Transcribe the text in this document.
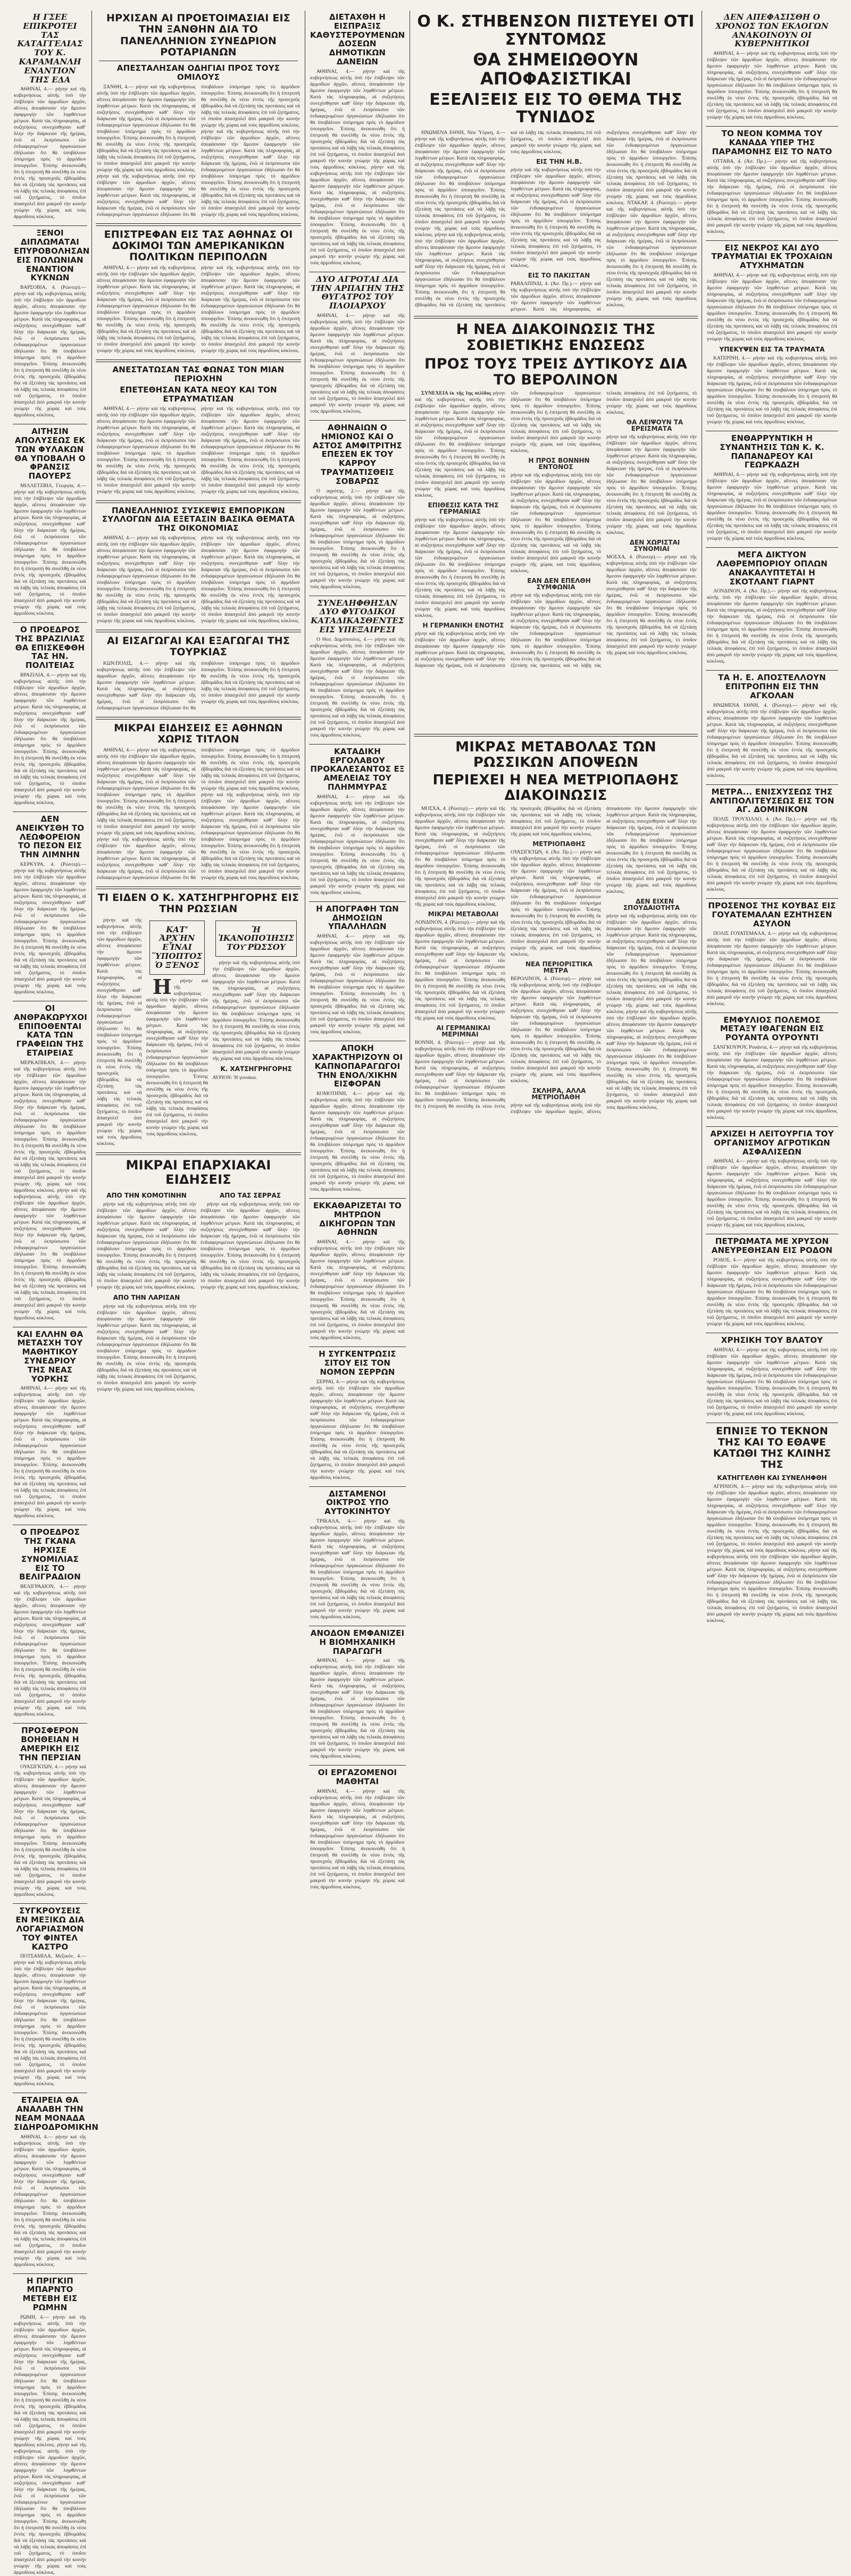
Η ΓΣΕΕ ΕΠΙΚΡΟΤΕΙ ΤΑΣ ΚΑΤΑΓΓΕΛΙΑΣ ΤΟΥ Κ. ΚΑΡΑΜΑΝΛΗ ΕΝΑΝΤΙΟΝ ΤΗΣ ΕΔΑ
ΑΘΗΝΑΙ, 4.— ρήνην καὶ τῆς κυβερνήσεως αὐτῆς ὑπὸ τὴν ἐπίβλεψιν τῶν ἁρμοδίων ἀρχῶν, αἵτινες ἀπεφάσισαν τὴν ἄμεσον ἐφαρμογὴν τῶν ληφθέντων μέτρων. Κατὰ τὰς πληροφορίας, αἱ συζητήσεις συνεχίσθησαν καθ’ ὅλην τὴν διάρκειαν τῆς ἡμέρας, ἐνῶ οἱ ἐκπρόσωποι τῶν ἐνδιαφερομένων ὀργανώσεων ἐδήλωσαν ὅτι θὰ ὑποβάλουν ὑπόμνημα πρὸς τὸ ἁρμόδιον ὑπουργεῖον. Ἐπίσης ἀνεκοινώθη ὅτι ἡ ἐπιτροπὴ θὰ συνέλθῃ ἐκ νέου ἐντὸς τῆς προσεχοῦς ἑβδομάδος διὰ νὰ ἐξετάσῃ τὰς προτάσεις καὶ νὰ λάβῃ τὰς τελικὰς ἀποφάσεις ἐπὶ τοῦ ζητήματος, τὸ ὁποῖον ἀπασχολεῖ ἀπὸ μακροῦ τὴν κοινὴν γνώμην τῆς χώρας καὶ τοὺς ἁρμοδίους κύκλους.
ΞΕΝΟΙ ΔΙΠΛΩΜΑΤΑΙ ΕΠΥΡΟΒΟΛΗΣΑΝ ΕΙΣ ΠΟΛΩΝΙΑΝ ΕΝΑΝΤΙΟΝ ΚΥΚΝΩΝ
ΒΑΡΣΟΒΙΑ, 4. (Ρώυτερ).— ρήνην καὶ τῆς κυβερνήσεως αὐτῆς ὑπὸ τὴν ἐπίβλεψιν τῶν ἁρμοδίων ἀρχῶν, αἵτινες ἀπεφάσισαν τὴν ἄμεσον ἐφαρμογὴν τῶν ληφθέντων μέτρων. Κατὰ τὰς πληροφορίας, αἱ συζητήσεις συνεχίσθησαν καθ’ ὅλην τὴν διάρκειαν τῆς ἡμέρας, ἐνῶ οἱ ἐκπρόσωποι τῶν ἐνδιαφερομένων ὀργανώσεων ἐδήλωσαν ὅτι θὰ ὑποβάλουν ὑπόμνημα πρὸς τὸ ἁρμόδιον ὑπουργεῖον. Ἐπίσης ἀνεκοινώθη ὅτι ἡ ἐπιτροπὴ θὰ συνέλθῃ ἐκ νέου ἐντὸς τῆς προσεχοῦς ἑβδομάδος διὰ νὰ ἐξετάσῃ τὰς προτάσεις καὶ νὰ λάβῃ τὰς τελικὰς ἀποφάσεις ἐπὶ τοῦ ζητήματος, τὸ ὁποῖον ἀπασχολεῖ ἀπὸ μακροῦ τὴν κοινὴν γνώμην τῆς χώρας καὶ τοὺς ἁρμοδίους κύκλους.
ΑΙΤΗΣΙΝ ΑΠΟΛΥΣΕΩΣ ΕΚ ΤΩΝ ΦΥΛΑΚΩΝ ΘΑ ΥΠΟΒΑΛΗ Ο ΦΡΑΝΣΙΣ ΠΑΟΥΕΡΣ
ΜΙΛΛΕΤΖΒΙΛ, Γεωργία, 4.— ρήνην καὶ τῆς κυβερνήσεως αὐτῆς ὑπὸ τὴν ἐπίβλεψιν τῶν ἁρμοδίων ἀρχῶν, αἵτινες ἀπεφάσισαν τὴν ἄμεσον ἐφαρμογὴν τῶν ληφθέντων μέτρων. Κατὰ τὰς πληροφορίας, αἱ συζητήσεις συνεχίσθησαν καθ’ ὅλην τὴν διάρκειαν τῆς ἡμέρας, ἐνῶ οἱ ἐκπρόσωποι τῶν ἐνδιαφερομένων ὀργανώσεων ἐδήλωσαν ὅτι θὰ ὑποβάλουν ὑπόμνημα πρὸς τὸ ἁρμόδιον ὑπουργεῖον. Ἐπίσης ἀνεκοινώθη ὅτι ἡ ἐπιτροπὴ θὰ συνέλθῃ ἐκ νέου ἐντὸς τῆς προσεχοῦς ἑβδομάδος διὰ νὰ ἐξετάσῃ τὰς προτάσεις καὶ νὰ λάβῃ τὰς τελικὰς ἀποφάσεις ἐπὶ τοῦ ζητήματος, τὸ ὁποῖον ἀπασχολεῖ ἀπὸ μακροῦ τὴν κοινὴν γνώμην τῆς χώρας καὶ τοὺς ἁρμοδίους κύκλους.
Ο ΠΡΟΕΔΡΟΣ ΤΗΣ ΒΡΑΖΙΛΙΑΣ ΘΑ ΕΠΙΣΚΕΦΘΗ ΤΑΣ ΗΝ. ΠΟΛΙΤΕΙΑΣ
ΒΡΑΖΙΛΙΑ, 4.— ρήνην καὶ τῆς κυβερνήσεως αὐτῆς ὑπὸ τὴν ἐπίβλεψιν τῶν ἁρμοδίων ἀρχῶν, αἵτινες ἀπεφάσισαν τὴν ἄμεσον ἐφαρμογὴν τῶν ληφθέντων μέτρων. Κατὰ τὰς πληροφορίας, αἱ συζητήσεις συνεχίσθησαν καθ’ ὅλην τὴν διάρκειαν τῆς ἡμέρας, ἐνῶ οἱ ἐκπρόσωποι τῶν ἐνδιαφερομένων ὀργανώσεων ἐδήλωσαν ὅτι θὰ ὑποβάλουν ὑπόμνημα πρὸς τὸ ἁρμόδιον ὑπουργεῖον. Ἐπίσης ἀνεκοινώθη ὅτι ἡ ἐπιτροπὴ θὰ συνέλθῃ ἐκ νέου ἐντὸς τῆς προσεχοῦς ἑβδομάδος διὰ νὰ ἐξετάσῃ τὰς προτάσεις καὶ νὰ λάβῃ τὰς τελικὰς ἀποφάσεις ἐπὶ τοῦ ζητήματος, τὸ ὁποῖον ἀπασχολεῖ ἀπὸ μακροῦ τὴν κοινὴν γνώμην τῆς χώρας καὶ τοὺς ἁρμοδίους κύκλους.
ΔΕΝ ΑΝΕΙΚΥΣΘΗ ΤΟ ΛΕΩΦΟΡΕΙΟΝ ΤΟ ΠΕΣΟΝ ΕΙΣ ΤΗΝ ΛΙΜΝΗΝ
ΚΕΡΚΥΡΑ, 4. (Ρώυτερ).— ρήνην καὶ τῆς κυβερνήσεως αὐτῆς ὑπὸ τὴν ἐπίβλεψιν τῶν ἁρμοδίων ἀρχῶν, αἵτινες ἀπεφάσισαν τὴν ἄμεσον ἐφαρμογὴν τῶν ληφθέντων μέτρων. Κατὰ τὰς πληροφορίας, αἱ συζητήσεις συνεχίσθησαν καθ’ ὅλην τὴν διάρκειαν τῆς ἡμέρας, ἐνῶ οἱ ἐκπρόσωποι τῶν ἐνδιαφερομένων ὀργανώσεων ἐδήλωσαν ὅτι θὰ ὑποβάλουν ὑπόμνημα πρὸς τὸ ἁρμόδιον ὑπουργεῖον. Ἐπίσης ἀνεκοινώθη ὅτι ἡ ἐπιτροπὴ θὰ συνέλθῃ ἐκ νέου ἐντὸς τῆς προσεχοῦς ἑβδομάδος διὰ νὰ ἐξετάσῃ τὰς προτάσεις καὶ νὰ λάβῃ τὰς τελικὰς ἀποφάσεις ἐπὶ τοῦ ζητήματος, τὸ ὁποῖον ἀπασχολεῖ ἀπὸ μακροῦ τὴν κοινὴν γνώμην τῆς χώρας καὶ τοὺς ἁρμοδίους κύκλους.
ΟΙ ΑΝΘΡΑΚΩΡΥΧΟΙ ΕΠΙΠΟΘΕΝΤΑΙ ΚΑΤΑ ΤΩΝ ΓΡΑΦΕΙΩΝ ΤΗΣ ΕΤΑΙΡΕΙΑΣ
ΜΕΡΚΑΠΙΚΑΝ, 4.— ρήνην καὶ τῆς κυβερνήσεως αὐτῆς ὑπὸ τὴν ἐπίβλεψιν τῶν ἁρμοδίων ἀρχῶν, αἵτινες ἀπεφάσισαν τὴν ἄμεσον ἐφαρμογὴν τῶν ληφθέντων μέτρων. Κατὰ τὰς πληροφορίας, αἱ συζητήσεις συνεχίσθησαν καθ’ ὅλην τὴν διάρκειαν τῆς ἡμέρας, ἐνῶ οἱ ἐκπρόσωποι τῶν ἐνδιαφερομένων ὀργανώσεων ἐδήλωσαν ὅτι θὰ ὑποβάλουν ὑπόμνημα πρὸς τὸ ἁρμόδιον ὑπουργεῖον. Ἐπίσης ἀνεκοινώθη ὅτι ἡ ἐπιτροπὴ θὰ συνέλθῃ ἐκ νέου ἐντὸς τῆς προσεχοῦς ἑβδομάδος διὰ νὰ ἐξετάσῃ τὰς προτάσεις καὶ νὰ λάβῃ τὰς τελικὰς ἀποφάσεις ἐπὶ τοῦ ζητήματος, τὸ ὁποῖον ἀπασχολεῖ ἀπὸ μακροῦ τὴν κοινὴν γνώμην τῆς χώρας καὶ τοὺς ἁρμοδίους κύκλους. ρήνην καὶ τῆς κυβερνήσεως αὐτῆς ὑπὸ τὴν ἐπίβλεψιν τῶν ἁρμοδίων ἀρχῶν, αἵτινες ἀπεφάσισαν τὴν ἄμεσον ἐφαρμογὴν τῶν ληφθέντων μέτρων. Κατὰ τὰς πληροφορίας, αἱ συζητήσεις συνεχίσθησαν καθ’ ὅλην τὴν διάρκειαν τῆς ἡμέρας, ἐνῶ οἱ ἐκπρόσωποι τῶν ἐνδιαφερομένων ὀργανώσεων ἐδήλωσαν ὅτι θὰ ὑποβάλουν ὑπόμνημα πρὸς τὸ ἁρμόδιον ὑπουργεῖον. Ἐπίσης ἀνεκοινώθη ὅτι ἡ ἐπιτροπὴ θὰ συνέλθῃ ἐκ νέου ἐντὸς τῆς προσεχοῦς ἑβδομάδος διὰ νὰ ἐξετάσῃ τὰς προτάσεις καὶ νὰ λάβῃ τὰς τελικὰς ἀποφάσεις ἐπὶ τοῦ ζητήματος, τὸ ὁποῖον ἀπασχολεῖ ἀπὸ μακροῦ τὴν κοινὴν γνώμην τῆς χώρας καὶ τοὺς ἁρμοδίους κύκλους.
ΚΑΙ ΕΛΛΗΝ ΘΑ ΜΕΤΑΣΧΗ ΤΟΥ ΜΑΘΗΤΙΚΟΥ ΣΥΝΕΔΡΙΟΥ ΤΗΣ ΝΕΑΣ ΥΟΡΚΗΣ
ΑΘΗΝΑΙ, 4.— ρήνην καὶ τῆς κυβερνήσεως αὐτῆς ὑπὸ τὴν ἐπίβλεψιν τῶν ἁρμοδίων ἀρχῶν, αἵτινες ἀπεφάσισαν τὴν ἄμεσον ἐφαρμογὴν τῶν ληφθέντων μέτρων. Κατὰ τὰς πληροφορίας, αἱ συζητήσεις συνεχίσθησαν καθ’ ὅλην τὴν διάρκειαν τῆς ἡμέρας, ἐνῶ οἱ ἐκπρόσωποι τῶν ἐνδιαφερομένων ὀργανώσεων ἐδήλωσαν ὅτι θὰ ὑποβάλουν ὑπόμνημα πρὸς τὸ ἁρμόδιον ὑπουργεῖον. Ἐπίσης ἀνεκοινώθη ὅτι ἡ ἐπιτροπὴ θὰ συνέλθῃ ἐκ νέου ἐντὸς τῆς προσεχοῦς ἑβδομάδος διὰ νὰ ἐξετάσῃ τὰς προτάσεις καὶ νὰ λάβῃ τὰς τελικὰς ἀποφάσεις ἐπὶ τοῦ ζητήματος, τὸ ὁποῖον ἀπασχολεῖ ἀπὸ μακροῦ τὴν κοινὴν γνώμην τῆς χώρας καὶ τοὺς ἁρμοδίους κύκλους.
Ο ΠΡΟΕΔΡΟΣ ΤΗΣ ΓΚΑΝΑ ΗΡΧΙΣΕ ΣΥΝΟΜΙΛΙΑΣ ΕΙΣ ΤΟ ΒΕΛΙΓΡΑΔΙΟΝ
ΒΕΛΙΓΡΑΔΙΟΝ, 4.— ρήνην καὶ τῆς κυβερνήσεως αὐτῆς ὑπὸ τὴν ἐπίβλεψιν τῶν ἁρμοδίων ἀρχῶν, αἵτινες ἀπεφάσισαν τὴν ἄμεσον ἐφαρμογὴν τῶν ληφθέντων μέτρων. Κατὰ τὰς πληροφορίας, αἱ συζητήσεις συνεχίσθησαν καθ’ ὅλην τὴν διάρκειαν τῆς ἡμέρας, ἐνῶ οἱ ἐκπρόσωποι τῶν ἐνδιαφερομένων ὀργανώσεων ἐδήλωσαν ὅτι θὰ ὑποβάλουν ὑπόμνημα πρὸς τὸ ἁρμόδιον ὑπουργεῖον. Ἐπίσης ἀνεκοινώθη ὅτι ἡ ἐπιτροπὴ θὰ συνέλθῃ ἐκ νέου ἐντὸς τῆς προσεχοῦς ἑβδομάδος διὰ νὰ ἐξετάσῃ τὰς προτάσεις καὶ νὰ λάβῃ τὰς τελικὰς ἀποφάσεις ἐπὶ τοῦ ζητήματος, τὸ ὁποῖον ἀπασχολεῖ ἀπὸ μακροῦ τὴν κοινὴν γνώμην τῆς χώρας καὶ τοὺς ἁρμοδίους κύκλους.
ΠΡΟΣΦΕΡΟΝ ΒΟΗΘΕΙΑΝ Η ΑΜΕΡΙΚΗ ΕΙΣ ΤΗΝ ΠΕΡΣΙΑΝ
ΟΥΑΣΙΓΚΤΩΝ, 4.— ρήνην καὶ τῆς κυβερνήσεως αὐτῆς ὑπὸ τὴν ἐπίβλεψιν τῶν ἁρμοδίων ἀρχῶν, αἵτινες ἀπεφάσισαν τὴν ἄμεσον ἐφαρμογὴν τῶν ληφθέντων μέτρων. Κατὰ τὰς πληροφορίας, αἱ συζητήσεις συνεχίσθησαν καθ’ ὅλην τὴν διάρκειαν τῆς ἡμέρας, ἐνῶ οἱ ἐκπρόσωποι τῶν ἐνδιαφερομένων ὀργανώσεων ἐδήλωσαν ὅτι θὰ ὑποβάλουν ὑπόμνημα πρὸς τὸ ἁρμόδιον ὑπουργεῖον. Ἐπίσης ἀνεκοινώθη ὅτι ἡ ἐπιτροπὴ θὰ συνέλθῃ ἐκ νέου ἐντὸς τῆς προσεχοῦς ἑβδομάδος διὰ νὰ ἐξετάσῃ τὰς προτάσεις καὶ νὰ λάβῃ τὰς τελικὰς ἀποφάσεις ἐπὶ τοῦ ζητήματος, τὸ ὁποῖον ἀπασχολεῖ ἀπὸ μακροῦ τὴν κοινὴν γνώμην τῆς χώρας καὶ τοὺς ἁρμοδίους κύκλους.
ΣΥΓΚΡΟΥΣΕΙΣ ΕΝ ΜΕΞΙΚΩ ΔΙΑ ΛΟΓΑΡΙΑΣΜΟΝ ΤΟΥ ΦΙΝΤΕΛ ΚΑΣΤΡΟ
ΠΟΤΣΑΜΙΛΑ, Μεξικόν, 4.— ρήνην καὶ τῆς κυβερνήσεως αὐτῆς ὑπὸ τὴν ἐπίβλεψιν τῶν ἁρμοδίων ἀρχῶν, αἵτινες ἀπεφάσισαν τὴν ἄμεσον ἐφαρμογὴν τῶν ληφθέντων μέτρων. Κατὰ τὰς πληροφορίας, αἱ συζητήσεις συνεχίσθησαν καθ’ ὅλην τὴν διάρκειαν τῆς ἡμέρας, ἐνῶ οἱ ἐκπρόσωποι τῶν ἐνδιαφερομένων ὀργανώσεων ἐδήλωσαν ὅτι θὰ ὑποβάλουν ὑπόμνημα πρὸς τὸ ἁρμόδιον ὑπουργεῖον. Ἐπίσης ἀνεκοινώθη ὅτι ἡ ἐπιτροπὴ θὰ συνέλθῃ ἐκ νέου ἐντὸς τῆς προσεχοῦς ἑβδομάδος διὰ νὰ ἐξετάσῃ τὰς προτάσεις καὶ νὰ λάβῃ τὰς τελικὰς ἀποφάσεις ἐπὶ τοῦ ζητήματος, τὸ ὁποῖον ἀπασχολεῖ ἀπὸ μακροῦ τὴν κοινὴν γνώμην τῆς χώρας καὶ τοὺς ἁρμοδίους κύκλους.
ΕΤΑΙΡΕΙΑ ΘΑ ΑΝΑΛΑΒΗ ΤΗΝ ΝΕΑΜ ΜΟΝΑΔΑ ΣΙΔΗΡΟΔΡΟΜΙΚΗΝ
ΑΘΗΝΑΙ, 4.— ρήνην καὶ τῆς κυβερνήσεως αὐτῆς ὑπὸ τὴν ἐπίβλεψιν τῶν ἁρμοδίων ἀρχῶν, αἵτινες ἀπεφάσισαν τὴν ἄμεσον ἐφαρμογὴν τῶν ληφθέντων μέτρων. Κατὰ τὰς πληροφορίας, αἱ συζητήσεις συνεχίσθησαν καθ’ ὅλην τὴν διάρκειαν τῆς ἡμέρας, ἐνῶ οἱ ἐκπρόσωποι τῶν ἐνδιαφερομένων ὀργανώσεων ἐδήλωσαν ὅτι θὰ ὑποβάλουν ὑπόμνημα πρὸς τὸ ἁρμόδιον ὑπουργεῖον. Ἐπίσης ἀνεκοινώθη ὅτι ἡ ἐπιτροπὴ θὰ συνέλθῃ ἐκ νέου ἐντὸς τῆς προσεχοῦς ἑβδομάδος διὰ νὰ ἐξετάσῃ τὰς προτάσεις καὶ νὰ λάβῃ τὰς τελικὰς ἀποφάσεις ἐπὶ τοῦ ζητήματος, τὸ ὁποῖον ἀπασχολεῖ ἀπὸ μακροῦ τὴν κοινὴν γνώμην τῆς χώρας καὶ τοὺς ἁρμοδίους κύκλους.
Η ΠΡΙΓΚΙΠ ΜΠΑΡΝΤΟ ΜΕΤΕΒΗ ΕΙΣ ΡΩΜΗΝ
ΡΩΜΗ, 4.— ρήνην καὶ τῆς κυβερνήσεως αὐτῆς ὑπὸ τὴν ἐπίβλεψιν τῶν ἁρμοδίων ἀρχῶν, αἵτινες ἀπεφάσισαν τὴν ἄμεσον ἐφαρμογὴν τῶν ληφθέντων μέτρων. Κατὰ τὰς πληροφορίας, αἱ συζητήσεις συνεχίσθησαν καθ’ ὅλην τὴν διάρκειαν τῆς ἡμέρας, ἐνῶ οἱ ἐκπρόσωποι τῶν ἐνδιαφερομένων ὀργανώσεων ἐδήλωσαν ὅτι θὰ ὑποβάλουν ὑπόμνημα πρὸς τὸ ἁρμόδιον ὑπουργεῖον. Ἐπίσης ἀνεκοινώθη ὅτι ἡ ἐπιτροπὴ θὰ συνέλθῃ ἐκ νέου ἐντὸς τῆς προσεχοῦς ἑβδομάδος διὰ νὰ ἐξετάσῃ τὰς προτάσεις καὶ νὰ λάβῃ τὰς τελικὰς ἀποφάσεις ἐπὶ τοῦ ζητήματος, τὸ ὁποῖον ἀπασχολεῖ ἀπὸ μακροῦ τὴν κοινὴν γνώμην τῆς χώρας καὶ τοὺς ἁρμοδίους κύκλους. ρήνην καὶ τῆς κυβερνήσεως αὐτῆς ὑπὸ τὴν ἐπίβλεψιν τῶν ἁρμοδίων ἀρχῶν, αἵτινες ἀπεφάσισαν τὴν ἄμεσον ἐφαρμογὴν τῶν ληφθέντων μέτρων. Κατὰ τὰς πληροφορίας, αἱ συζητήσεις συνεχίσθησαν καθ’ ὅλην τὴν διάρκειαν τῆς ἡμέρας, ἐνῶ οἱ ἐκπρόσωποι τῶν ἐνδιαφερομένων ὀργανώσεων ἐδήλωσαν ὅτι θὰ ὑποβάλουν ὑπόμνημα πρὸς τὸ ἁρμόδιον ὑπουργεῖον. Ἐπίσης ἀνεκοινώθη ὅτι ἡ ἐπιτροπὴ θὰ συνέλθῃ ἐκ νέου ἐντὸς τῆς προσεχοῦς ἑβδομάδος διὰ νὰ ἐξετάσῃ τὰς προτάσεις καὶ νὰ λάβῃ τὰς τελικὰς ἀποφάσεις ἐπὶ τοῦ ζητήματος, τὸ ὁποῖον ἀπασχολεῖ ἀπὸ μακροῦ τὴν κοινὴν γνώμην τῆς χώρας καὶ τοὺς ἁρμοδίους κύκλους.
ΗΡΧΙΣΑΝ ΑΙ ΠΡΟΕΤΟΙΜΑΣΙΑΙ ΕΙΣ ΤΗΝ ΞΑΝΘΗΝ ΔΙΑ ΤΟ ΠΑΝΕΛΛΗΝΙΟΝ ΣΥΝΕΔΡΙΟΝ ΡΟΤΑΡΙΑΝΩΝ
ΑΠΕΣΤΑΛΗΣΑΝ ΟΔΗΓΙΑΙ ΠΡΟΣ ΤΟΥΣ ΟΜΙΛΟΥΣ
ΞΑΝΘΗ, 4.— ρήνην καὶ τῆς κυβερνήσεως αὐτῆς ὑπὸ τὴν ἐπίβλεψιν τῶν ἁρμοδίων ἀρχῶν, αἵτινες ἀπεφάσισαν τὴν ἄμεσον ἐφαρμογὴν τῶν ληφθέντων μέτρων. Κατὰ τὰς πληροφορίας, αἱ συζητήσεις συνεχίσθησαν καθ’ ὅλην τὴν διάρκειαν τῆς ἡμέρας, ἐνῶ οἱ ἐκπρόσωποι τῶν ἐνδιαφερομένων ὀργανώσεων ἐδήλωσαν ὅτι θὰ ὑποβάλουν ὑπόμνημα πρὸς τὸ ἁρμόδιον ὑπουργεῖον. Ἐπίσης ἀνεκοινώθη ὅτι ἡ ἐπιτροπὴ θὰ συνέλθῃ ἐκ νέου ἐντὸς τῆς προσεχοῦς ἑβδομάδος διὰ νὰ ἐξετάσῃ τὰς προτάσεις καὶ νὰ λάβῃ τὰς τελικὰς ἀποφάσεις ἐπὶ τοῦ ζητήματος, τὸ ὁποῖον ἀπασχολεῖ ἀπὸ μακροῦ τὴν κοινὴν γνώμην τῆς χώρας καὶ τοὺς ἁρμοδίους κύκλους. ρήνην καὶ τῆς κυβερνήσεως αὐτῆς ὑπὸ τὴν ἐπίβλεψιν τῶν ἁρμοδίων ἀρχῶν, αἵτινες ἀπεφάσισαν τὴν ἄμεσον ἐφαρμογὴν τῶν ληφθέντων μέτρων. Κατὰ τὰς πληροφορίας, αἱ συζητήσεις συνεχίσθησαν καθ’ ὅλην τὴν διάρκειαν τῆς ἡμέρας, ἐνῶ οἱ ἐκπρόσωποι τῶν ἐνδιαφερομένων ὀργανώσεων ἐδήλωσαν ὅτι θὰ ὑποβάλουν ὑπόμνημα πρὸς τὸ ἁρμόδιον ὑπουργεῖον. Ἐπίσης ἀνεκοινώθη ὅτι ἡ ἐπιτροπὴ θὰ συνέλθῃ ἐκ νέου ἐντὸς τῆς προσεχοῦς ἑβδομάδος διὰ νὰ ἐξετάσῃ τὰς προτάσεις καὶ νὰ λάβῃ τὰς τελικὰς ἀποφάσεις ἐπὶ τοῦ ζητήματος, τὸ ὁποῖον ἀπασχολεῖ ἀπὸ μακροῦ τὴν κοινὴν γνώμην τῆς χώρας καὶ τοὺς ἁρμοδίους κύκλους. ρήνην καὶ τῆς κυβερνήσεως αὐτῆς ὑπὸ τὴν ἐπίβλεψιν τῶν ἁρμοδίων ἀρχῶν, αἵτινες ἀπεφάσισαν τὴν ἄμεσον ἐφαρμογὴν τῶν ληφθέντων μέτρων. Κατὰ τὰς πληροφορίας, αἱ συζητήσεις συνεχίσθησαν καθ’ ὅλην τὴν διάρκειαν τῆς ἡμέρας, ἐνῶ οἱ ἐκπρόσωποι τῶν ἐνδιαφερομένων ὀργανώσεων ἐδήλωσαν ὅτι θὰ ὑποβάλουν ὑπόμνημα πρὸς τὸ ἁρμόδιον ὑπουργεῖον. Ἐπίσης ἀνεκοινώθη ὅτι ἡ ἐπιτροπὴ θὰ συνέλθῃ ἐκ νέου ἐντὸς τῆς προσεχοῦς ἑβδομάδος διὰ νὰ ἐξετάσῃ τὰς προτάσεις καὶ νὰ λάβῃ τὰς τελικὰς ἀποφάσεις ἐπὶ τοῦ ζητήματος, τὸ ὁποῖον ἀπασχολεῖ ἀπὸ μακροῦ τὴν κοινὴν γνώμην τῆς χώρας καὶ τοὺς ἁρμοδίους κύκλους.
ΕΠΙΣΤΡΕΦΑΝ ΕΙΣ ΤΑΣ ΑΘΗΝΑΣ ΟΙ ΔΟΚΙΜΟΙ ΤΩΝ ΑΜΕΡΙΚΑΝΙΚΩΝ ΠΟΛΙΤΙΚΩΝ ΠΕΡΙΠΟΛΩΝ
ΑΘΗΝΑΙ, 4.— ρήνην καὶ τῆς κυβερνήσεως αὐτῆς ὑπὸ τὴν ἐπίβλεψιν τῶν ἁρμοδίων ἀρχῶν, αἵτινες ἀπεφάσισαν τὴν ἄμεσον ἐφαρμογὴν τῶν ληφθέντων μέτρων. Κατὰ τὰς πληροφορίας, αἱ συζητήσεις συνεχίσθησαν καθ’ ὅλην τὴν διάρκειαν τῆς ἡμέρας, ἐνῶ οἱ ἐκπρόσωποι τῶν ἐνδιαφερομένων ὀργανώσεων ἐδήλωσαν ὅτι θὰ ὑποβάλουν ὑπόμνημα πρὸς τὸ ἁρμόδιον ὑπουργεῖον. Ἐπίσης ἀνεκοινώθη ὅτι ἡ ἐπιτροπὴ θὰ συνέλθῃ ἐκ νέου ἐντὸς τῆς προσεχοῦς ἑβδομάδος διὰ νὰ ἐξετάσῃ τὰς προτάσεις καὶ νὰ λάβῃ τὰς τελικὰς ἀποφάσεις ἐπὶ τοῦ ζητήματος, τὸ ὁποῖον ἀπασχολεῖ ἀπὸ μακροῦ τὴν κοινὴν γνώμην τῆς χώρας καὶ τοὺς ἁρμοδίους κύκλους. ρήνην καὶ τῆς κυβερνήσεως αὐτῆς ὑπὸ τὴν ἐπίβλεψιν τῶν ἁρμοδίων ἀρχῶν, αἵτινες ἀπεφάσισαν τὴν ἄμεσον ἐφαρμογὴν τῶν ληφθέντων μέτρων. Κατὰ τὰς πληροφορίας, αἱ συζητήσεις συνεχίσθησαν καθ’ ὅλην τὴν διάρκειαν τῆς ἡμέρας, ἐνῶ οἱ ἐκπρόσωποι τῶν ἐνδιαφερομένων ὀργανώσεων ἐδήλωσαν ὅτι θὰ ὑποβάλουν ὑπόμνημα πρὸς τὸ ἁρμόδιον ὑπουργεῖον. Ἐπίσης ἀνεκοινώθη ὅτι ἡ ἐπιτροπὴ θὰ συνέλθῃ ἐκ νέου ἐντὸς τῆς προσεχοῦς ἑβδομάδος διὰ νὰ ἐξετάσῃ τὰς προτάσεις καὶ νὰ λάβῃ τὰς τελικὰς ἀποφάσεις ἐπὶ τοῦ ζητήματος, τὸ ὁποῖον ἀπασχολεῖ ἀπὸ μακροῦ τὴν κοινὴν γνώμην τῆς χώρας καὶ τοὺς ἁρμοδίους κύκλους.
ΑΝΕΣΤΑΤΩΣΑΝ ΤΑΣ ΦΩΝΑΣ ΤΟΝ ΜΙΑΝ ΠΕΡΙΟΧΗΝ
ΕΠΕΤΕΘΗΣΑΝ ΚΑΤΑ ΝΕΟΥ ΚΑΙ ΤΟΝ ΕΤΡΑΥΜΑΤΙΣΑΝ
ΑΘΗΝΑΙ, 4.— ρήνην καὶ τῆς κυβερνήσεως αὐτῆς ὑπὸ τὴν ἐπίβλεψιν τῶν ἁρμοδίων ἀρχῶν, αἵτινες ἀπεφάσισαν τὴν ἄμεσον ἐφαρμογὴν τῶν ληφθέντων μέτρων. Κατὰ τὰς πληροφορίας, αἱ συζητήσεις συνεχίσθησαν καθ’ ὅλην τὴν διάρκειαν τῆς ἡμέρας, ἐνῶ οἱ ἐκπρόσωποι τῶν ἐνδιαφερομένων ὀργανώσεων ἐδήλωσαν ὅτι θὰ ὑποβάλουν ὑπόμνημα πρὸς τὸ ἁρμόδιον ὑπουργεῖον. Ἐπίσης ἀνεκοινώθη ὅτι ἡ ἐπιτροπὴ θὰ συνέλθῃ ἐκ νέου ἐντὸς τῆς προσεχοῦς ἑβδομάδος διὰ νὰ ἐξετάσῃ τὰς προτάσεις καὶ νὰ λάβῃ τὰς τελικὰς ἀποφάσεις ἐπὶ τοῦ ζητήματος, τὸ ὁποῖον ἀπασχολεῖ ἀπὸ μακροῦ τὴν κοινὴν γνώμην τῆς χώρας καὶ τοὺς ἁρμοδίους κύκλους. ρήνην καὶ τῆς κυβερνήσεως αὐτῆς ὑπὸ τὴν ἐπίβλεψιν τῶν ἁρμοδίων ἀρχῶν, αἵτινες ἀπεφάσισαν τὴν ἄμεσον ἐφαρμογὴν τῶν ληφθέντων μέτρων. Κατὰ τὰς πληροφορίας, αἱ συζητήσεις συνεχίσθησαν καθ’ ὅλην τὴν διάρκειαν τῆς ἡμέρας, ἐνῶ οἱ ἐκπρόσωποι τῶν ἐνδιαφερομένων ὀργανώσεων ἐδήλωσαν ὅτι θὰ ὑποβάλουν ὑπόμνημα πρὸς τὸ ἁρμόδιον ὑπουργεῖον. Ἐπίσης ἀνεκοινώθη ὅτι ἡ ἐπιτροπὴ θὰ συνέλθῃ ἐκ νέου ἐντὸς τῆς προσεχοῦς ἑβδομάδος διὰ νὰ ἐξετάσῃ τὰς προτάσεις καὶ νὰ λάβῃ τὰς τελικὰς ἀποφάσεις ἐπὶ τοῦ ζητήματος, τὸ ὁποῖον ἀπασχολεῖ ἀπὸ μακροῦ τὴν κοινὴν γνώμην τῆς χώρας καὶ τοὺς ἁρμοδίους κύκλους.
ΠΑΝΕΛΛΗΝΙΟΣ ΣΥΣΚΕΨΙΣ ΕΜΠΟΡΙΚΩΝ ΣΥΛΛΟΓΩΝ ΔΙΑ ΕΞΕΤΑΣΙΝ ΒΑΣΙΚΑ ΘΕΜΑΤΑ ΤΗΣ ΟΙΚΟΝΟΜΙΑΣ
ΑΘΗΝΑΙ, 4.— ρήνην καὶ τῆς κυβερνήσεως αὐτῆς ὑπὸ τὴν ἐπίβλεψιν τῶν ἁρμοδίων ἀρχῶν, αἵτινες ἀπεφάσισαν τὴν ἄμεσον ἐφαρμογὴν τῶν ληφθέντων μέτρων. Κατὰ τὰς πληροφορίας, αἱ συζητήσεις συνεχίσθησαν καθ’ ὅλην τὴν διάρκειαν τῆς ἡμέρας, ἐνῶ οἱ ἐκπρόσωποι τῶν ἐνδιαφερομένων ὀργανώσεων ἐδήλωσαν ὅτι θὰ ὑποβάλουν ὑπόμνημα πρὸς τὸ ἁρμόδιον ὑπουργεῖον. Ἐπίσης ἀνεκοινώθη ὅτι ἡ ἐπιτροπὴ θὰ συνέλθῃ ἐκ νέου ἐντὸς τῆς προσεχοῦς ἑβδομάδος διὰ νὰ ἐξετάσῃ τὰς προτάσεις καὶ νὰ λάβῃ τὰς τελικὰς ἀποφάσεις ἐπὶ τοῦ ζητήματος, τὸ ὁποῖον ἀπασχολεῖ ἀπὸ μακροῦ τὴν κοινὴν γνώμην τῆς χώρας καὶ τοὺς ἁρμοδίους κύκλους. ρήνην καὶ τῆς κυβερνήσεως αὐτῆς ὑπὸ τὴν ἐπίβλεψιν τῶν ἁρμοδίων ἀρχῶν, αἵτινες ἀπεφάσισαν τὴν ἄμεσον ἐφαρμογὴν τῶν ληφθέντων μέτρων. Κατὰ τὰς πληροφορίας, αἱ συζητήσεις συνεχίσθησαν καθ’ ὅλην τὴν διάρκειαν τῆς ἡμέρας, ἐνῶ οἱ ἐκπρόσωποι τῶν ἐνδιαφερομένων ὀργανώσεων ἐδήλωσαν ὅτι θὰ ὑποβάλουν ὑπόμνημα πρὸς τὸ ἁρμόδιον ὑπουργεῖον. Ἐπίσης ἀνεκοινώθη ὅτι ἡ ἐπιτροπὴ θὰ συνέλθῃ ἐκ νέου ἐντὸς τῆς προσεχοῦς ἑβδομάδος διὰ νὰ ἐξετάσῃ τὰς προτάσεις καὶ νὰ λάβῃ τὰς τελικὰς ἀποφάσεις ἐπὶ τοῦ ζητήματος, τὸ ὁποῖον ἀπασχολεῖ ἀπὸ μακροῦ τὴν κοινὴν γνώμην τῆς χώρας καὶ τοὺς ἁρμοδίους κύκλους.
ΑΙ ΕΙΣΑΓΩΓΑΙ ΚΑΙ ΕΞΑΓΩΓΑΙ ΤΗΣ ΤΟΥΡΚΙΑΣ
ΚΩΝ/ΠΟΛΙΣ, 4.— ρήνην καὶ τῆς κυβερνήσεως αὐτῆς ὑπὸ τὴν ἐπίβλεψιν τῶν ἁρμοδίων ἀρχῶν, αἵτινες ἀπεφάσισαν τὴν ἄμεσον ἐφαρμογὴν τῶν ληφθέντων μέτρων. Κατὰ τὰς πληροφορίας, αἱ συζητήσεις συνεχίσθησαν καθ’ ὅλην τὴν διάρκειαν τῆς ἡμέρας, ἐνῶ οἱ ἐκπρόσωποι τῶν ἐνδιαφερομένων ὀργανώσεων ἐδήλωσαν ὅτι θὰ ὑποβάλουν ὑπόμνημα πρὸς τὸ ἁρμόδιον ὑπουργεῖον. Ἐπίσης ἀνεκοινώθη ὅτι ἡ ἐπιτροπὴ θὰ συνέλθῃ ἐκ νέου ἐντὸς τῆς προσεχοῦς ἑβδομάδος διὰ νὰ ἐξετάσῃ τὰς προτάσεις καὶ νὰ λάβῃ τὰς τελικὰς ἀποφάσεις ἐπὶ τοῦ ζητήματος, τὸ ὁποῖον ἀπασχολεῖ ἀπὸ μακροῦ τὴν κοινὴν γνώμην τῆς χώρας καὶ τοὺς ἁρμοδίους κύκλους.
ΜΙΚΡΑΙ ΕΙΔΗΣΕΙΣ ΕΞ ΑΘΗΝΩΝ ΧΩΡΙΣ ΤΙΤΛΟΝ
ΑΘΗΝΑΙ, 4.— ρήνην καὶ τῆς κυβερνήσεως αὐτῆς ὑπὸ τὴν ἐπίβλεψιν τῶν ἁρμοδίων ἀρχῶν, αἵτινες ἀπεφάσισαν τὴν ἄμεσον ἐφαρμογὴν τῶν ληφθέντων μέτρων. Κατὰ τὰς πληροφορίας, αἱ συζητήσεις συνεχίσθησαν καθ’ ὅλην τὴν διάρκειαν τῆς ἡμέρας, ἐνῶ οἱ ἐκπρόσωποι τῶν ἐνδιαφερομένων ὀργανώσεων ἐδήλωσαν ὅτι θὰ ὑποβάλουν ὑπόμνημα πρὸς τὸ ἁρμόδιον ὑπουργεῖον. Ἐπίσης ἀνεκοινώθη ὅτι ἡ ἐπιτροπὴ θὰ συνέλθῃ ἐκ νέου ἐντὸς τῆς προσεχοῦς ἑβδομάδος διὰ νὰ ἐξετάσῃ τὰς προτάσεις καὶ νὰ λάβῃ τὰς τελικὰς ἀποφάσεις ἐπὶ τοῦ ζητήματος, τὸ ὁποῖον ἀπασχολεῖ ἀπὸ μακροῦ τὴν κοινὴν γνώμην τῆς χώρας καὶ τοὺς ἁρμοδίους κύκλους. ρήνην καὶ τῆς κυβερνήσεως αὐτῆς ὑπὸ τὴν ἐπίβλεψιν τῶν ἁρμοδίων ἀρχῶν, αἵτινες ἀπεφάσισαν τὴν ἄμεσον ἐφαρμογὴν τῶν ληφθέντων μέτρων. Κατὰ τὰς πληροφορίας, αἱ συζητήσεις συνεχίσθησαν καθ’ ὅλην τὴν διάρκειαν τῆς ἡμέρας, ἐνῶ οἱ ἐκπρόσωποι τῶν ἐνδιαφερομένων ὀργανώσεων ἐδήλωσαν ὅτι θὰ ὑποβάλουν ὑπόμνημα πρὸς τὸ ἁρμόδιον ὑπουργεῖον. Ἐπίσης ἀνεκοινώθη ὅτι ἡ ἐπιτροπὴ θὰ συνέλθῃ ἐκ νέου ἐντὸς τῆς προσεχοῦς ἑβδομάδος διὰ νὰ ἐξετάσῃ τὰς προτάσεις καὶ νὰ λάβῃ τὰς τελικὰς ἀποφάσεις ἐπὶ τοῦ ζητήματος, τὸ ὁποῖον ἀπασχολεῖ ἀπὸ μακροῦ τὴν κοινὴν γνώμην τῆς χώρας καὶ τοὺς ἁρμοδίους κύκλους. ρήνην καὶ τῆς κυβερνήσεως αὐτῆς ὑπὸ τὴν ἐπίβλεψιν τῶν ἁρμοδίων ἀρχῶν, αἵτινες ἀπεφάσισαν τὴν ἄμεσον ἐφαρμογὴν τῶν ληφθέντων μέτρων. Κατὰ τὰς πληροφορίας, αἱ συζητήσεις συνεχίσθησαν καθ’ ὅλην τὴν διάρκειαν τῆς ἡμέρας, ἐνῶ οἱ ἐκπρόσωποι τῶν ἐνδιαφερομένων ὀργανώσεων ἐδήλωσαν ὅτι θὰ ὑποβάλουν ὑπόμνημα πρὸς τὸ ἁρμόδιον ὑπουργεῖον. Ἐπίσης ἀνεκοινώθη ὅτι ἡ ἐπιτροπὴ θὰ συνέλθῃ ἐκ νέου ἐντὸς τῆς προσεχοῦς ἑβδομάδος διὰ νὰ ἐξετάσῃ τὰς προτάσεις καὶ νὰ λάβῃ τὰς τελικὰς ἀποφάσεις ἐπὶ τοῦ ζητήματος, τὸ ὁποῖον ἀπασχολεῖ ἀπὸ μακροῦ τὴν κοινὴν γνώμην τῆς χώρας καὶ τοὺς ἁρμοδίους κύκλους.
ΤΙ ΕΙΔΕΝ Ο Κ. ΧΑΤΣΗΓΡΗΓΟΡΗΣ ΕΙΣ ΤΗΝ ΡΩΣΣΙΑΝ
ρήνην καὶ τῆς κυβερνήσεως αὐτῆς ὑπὸ τὴν ἐπίβλεψιν τῶν ἁρμοδίων ἀρχῶν, αἵτινες ἀπεφάσισαν τὴν ἄμεσον ἐφαρμογὴν τῶν ληφθέντων μέτρων. Κατὰ τὰς πληροφορίας, αἱ συζητήσεις συνεχίσθησαν καθ’ ὅλην τὴν διάρκειαν τῆς ἡμέρας, ἐνῶ οἱ ἐκπρόσωποι τῶν ἐνδιαφερομένων ὀργανώσεων ἐδήλωσαν ὅτι θὰ ὑποβάλουν ὑπόμνημα πρὸς τὸ ἁρμόδιον ὑπουργεῖον. Ἐπίσης ἀνεκοινώθη ὅτι ἡ ἐπιτροπὴ θὰ συνέλθῃ ἐκ νέου ἐντὸς τῆς προσεχοῦς ἑβδομάδος διὰ νὰ ἐξετάσῃ τὰς προτάσεις καὶ νὰ λάβῃ τὰς τελικὰς ἀποφάσεις ἐπὶ τοῦ ζητήματος, τὸ ὁποῖον ἀπασχολεῖ ἀπὸ μακροῦ τὴν κοινὴν γνώμην τῆς χώρας καὶ τοὺς ἁρμοδίους κύκλους.
ΚΑΤ’ ἈΡΧῊΝ ΕἾΝΑΙ ὝΠΟΠΤΟΣ Ὁ ΞΈΝΟΣ
Η	ρήνην καὶ τῆς κυβερνήσεως αὐτῆς ὑπὸ τὴν ἐπίβλεψιν τῶν ἁρμοδίων ἀρχῶν, αἵτινες ἀπεφάσισαν τὴν ἄμεσον ἐφαρμογὴν τῶν ληφθέντων μέτρων. Κατὰ τὰς πληροφορίας, αἱ συζητήσεις συνεχίσθησαν καθ’ ὅλην τὴν διάρκειαν τῆς ἡμέρας, ἐνῶ οἱ ἐκπρόσωποι τῶν ἐνδιαφερομένων ὀργανώσεων ἐδήλωσαν ὅτι θὰ ὑποβάλουν ὑπόμνημα πρὸς τὸ ἁρμόδιον ὑπουργεῖον. Ἐπίσης ἀνεκοινώθη ὅτι ἡ ἐπιτροπὴ θὰ συνέλθῃ ἐκ νέου ἐντὸς τῆς προσεχοῦς ἑβδομάδος διὰ νὰ ἐξετάσῃ τὰς προτάσεις καὶ νὰ λάβῃ τὰς τελικὰς ἀποφάσεις ἐπὶ τοῦ ζητήματος, τὸ ὁποῖον ἀπασχολεῖ ἀπὸ μακροῦ τὴν κοινὴν γνώμην τῆς χώρας καὶ τοὺς ἁρμοδίους κύκλους.
Ἡ ἹΚΑΝΟΠΟΊΗΣΙΣ ΤΟΥ͂ ΡΏΣΣΟΥ
ρήνην καὶ τῆς κυβερνήσεως αὐτῆς ὑπὸ τὴν ἐπίβλεψιν τῶν ἁρμοδίων ἀρχῶν, αἵτινες ἀπεφάσισαν τὴν ἄμεσον ἐφαρμογὴν τῶν ληφθέντων μέτρων. Κατὰ τὰς πληροφορίας, αἱ συζητήσεις συνεχίσθησαν καθ’ ὅλην τὴν διάρκειαν τῆς ἡμέρας, ἐνῶ οἱ ἐκπρόσωποι τῶν ἐνδιαφερομένων ὀργανώσεων ἐδήλωσαν ὅτι θὰ ὑποβάλουν ὑπόμνημα πρὸς τὸ ἁρμόδιον ὑπουργεῖον. Ἐπίσης ἀνεκοινώθη ὅτι ἡ ἐπιτροπὴ θὰ συνέλθῃ ἐκ νέου ἐντὸς τῆς προσεχοῦς ἑβδομάδος διὰ νὰ ἐξετάσῃ τὰς προτάσεις καὶ νὰ λάβῃ τὰς τελικὰς ἀποφάσεις ἐπὶ τοῦ ζητήματος, τὸ ὁποῖον ἀπασχολεῖ ἀπὸ μακροῦ τὴν κοινὴν γνώμην τῆς χώρας καὶ τοὺς ἁρμοδίους κύκλους.
Κ. ΧΑΤΣΗΓΡΗΓΟΡΗΣ
ΑΥΡΙΟΝ: Ἡ γυναίκα.
ΜΙΚΡΑΙ ΕΠΑΡΧΙΑΚΑΙ ΕΙΔΗΣΕΙΣ
ΑΠΟ ΤΗΝ ΚΟΜΟΤΙΝΗΝ
ρήνην καὶ τῆς κυβερνήσεως αὐτῆς ὑπὸ τὴν ἐπίβλεψιν τῶν ἁρμοδίων ἀρχῶν, αἵτινες ἀπεφάσισαν τὴν ἄμεσον ἐφαρμογὴν τῶν ληφθέντων μέτρων. Κατὰ τὰς πληροφορίας, αἱ συζητήσεις συνεχίσθησαν καθ’ ὅλην τὴν διάρκειαν τῆς ἡμέρας, ἐνῶ οἱ ἐκπρόσωποι τῶν ἐνδιαφερομένων ὀργανώσεων ἐδήλωσαν ὅτι θὰ ὑποβάλουν ὑπόμνημα πρὸς τὸ ἁρμόδιον ὑπουργεῖον. Ἐπίσης ἀνεκοινώθη ὅτι ἡ ἐπιτροπὴ θὰ συνέλθῃ ἐκ νέου ἐντὸς τῆς προσεχοῦς ἑβδομάδος διὰ νὰ ἐξετάσῃ τὰς προτάσεις καὶ νὰ λάβῃ τὰς τελικὰς ἀποφάσεις ἐπὶ τοῦ ζητήματος, τὸ ὁποῖον ἀπασχολεῖ ἀπὸ μακροῦ τὴν κοινὴν γνώμην τῆς χώρας καὶ τοὺς ἁρμοδίους κύκλους.
ΑΠΟ ΤΗΝ ΛΑΡΙΣΑΝ
ρήνην καὶ τῆς κυβερνήσεως αὐτῆς ὑπὸ τὴν ἐπίβλεψιν τῶν ἁρμοδίων ἀρχῶν, αἵτινες ἀπεφάσισαν τὴν ἄμεσον ἐφαρμογὴν τῶν ληφθέντων μέτρων. Κατὰ τὰς πληροφορίας, αἱ συζητήσεις συνεχίσθησαν καθ’ ὅλην τὴν διάρκειαν τῆς ἡμέρας, ἐνῶ οἱ ἐκπρόσωποι τῶν ἐνδιαφερομένων ὀργανώσεων ἐδήλωσαν ὅτι θὰ ὑποβάλουν ὑπόμνημα πρὸς τὸ ἁρμόδιον ὑπουργεῖον. Ἐπίσης ἀνεκοινώθη ὅτι ἡ ἐπιτροπὴ θὰ συνέλθῃ ἐκ νέου ἐντὸς τῆς προσεχοῦς ἑβδομάδος διὰ νὰ ἐξετάσῃ τὰς προτάσεις καὶ νὰ λάβῃ τὰς τελικὰς ἀποφάσεις ἐπὶ τοῦ ζητήματος, τὸ ὁποῖον ἀπασχολεῖ ἀπὸ μακροῦ τὴν κοινὴν γνώμην τῆς χώρας καὶ τοὺς ἁρμοδίους κύκλους.
ΑΠΟ ΤΑΣ ΣΕΡΡΑΣ
ρήνην καὶ τῆς κυβερνήσεως αὐτῆς ὑπὸ τὴν ἐπίβλεψιν τῶν ἁρμοδίων ἀρχῶν, αἵτινες ἀπεφάσισαν τὴν ἄμεσον ἐφαρμογὴν τῶν ληφθέντων μέτρων. Κατὰ τὰς πληροφορίας, αἱ συζητήσεις συνεχίσθησαν καθ’ ὅλην τὴν διάρκειαν τῆς ἡμέρας, ἐνῶ οἱ ἐκπρόσωποι τῶν ἐνδιαφερομένων ὀργανώσεων ἐδήλωσαν ὅτι θὰ ὑποβάλουν ὑπόμνημα πρὸς τὸ ἁρμόδιον ὑπουργεῖον. Ἐπίσης ἀνεκοινώθη ὅτι ἡ ἐπιτροπὴ θὰ συνέλθῃ ἐκ νέου ἐντὸς τῆς προσεχοῦς ἑβδομάδος διὰ νὰ ἐξετάσῃ τὰς προτάσεις καὶ νὰ λάβῃ τὰς τελικὰς ἀποφάσεις ἐπὶ τοῦ ζητήματος, τὸ ὁποῖον ἀπασχολεῖ ἀπὸ μακροῦ τὴν κοινὴν γνώμην τῆς χώρας καὶ τοὺς ἁρμοδίους κύκλους.
ΔΙΕΤΑΧΘΗ Η ΕΙΣΠΡΑΞΙΣ ΚΑΘΥΣΤΕΡΟΥΜΕΝΩΝ ΔΟΣΕΩΝ ΔΗΜΟΤΙΚΩΝ ΔΑΝΕΙΩΝ
ΑΘΗΝΑΙ, 4.— ρήνην καὶ τῆς κυβερνήσεως αὐτῆς ὑπὸ τὴν ἐπίβλεψιν τῶν ἁρμοδίων ἀρχῶν, αἵτινες ἀπεφάσισαν τὴν ἄμεσον ἐφαρμογὴν τῶν ληφθέντων μέτρων. Κατὰ τὰς πληροφορίας, αἱ συζητήσεις συνεχίσθησαν καθ’ ὅλην τὴν διάρκειαν τῆς ἡμέρας, ἐνῶ οἱ ἐκπρόσωποι τῶν ἐνδιαφερομένων ὀργανώσεων ἐδήλωσαν ὅτι θὰ ὑποβάλουν ὑπόμνημα πρὸς τὸ ἁρμόδιον ὑπουργεῖον. Ἐπίσης ἀνεκοινώθη ὅτι ἡ ἐπιτροπὴ θὰ συνέλθῃ ἐκ νέου ἐντὸς τῆς προσεχοῦς ἑβδομάδος διὰ νὰ ἐξετάσῃ τὰς προτάσεις καὶ νὰ λάβῃ τὰς τελικὰς ἀποφάσεις ἐπὶ τοῦ ζητήματος, τὸ ὁποῖον ἀπασχολεῖ ἀπὸ μακροῦ τὴν κοινὴν γνώμην τῆς χώρας καὶ τοὺς ἁρμοδίους κύκλους. ρήνην καὶ τῆς κυβερνήσεως αὐτῆς ὑπὸ τὴν ἐπίβλεψιν τῶν ἁρμοδίων ἀρχῶν, αἵτινες ἀπεφάσισαν τὴν ἄμεσον ἐφαρμογὴν τῶν ληφθέντων μέτρων. Κατὰ τὰς πληροφορίας, αἱ συζητήσεις συνεχίσθησαν καθ’ ὅλην τὴν διάρκειαν τῆς ἡμέρας, ἐνῶ οἱ ἐκπρόσωποι τῶν ἐνδιαφερομένων ὀργανώσεων ἐδήλωσαν ὅτι θὰ ὑποβάλουν ὑπόμνημα πρὸς τὸ ἁρμόδιον ὑπουργεῖον. Ἐπίσης ἀνεκοινώθη ὅτι ἡ ἐπιτροπὴ θὰ συνέλθῃ ἐκ νέου ἐντὸς τῆς προσεχοῦς ἑβδομάδος διὰ νὰ ἐξετάσῃ τὰς προτάσεις καὶ νὰ λάβῃ τὰς τελικὰς ἀποφάσεις ἐπὶ τοῦ ζητήματος, τὸ ὁποῖον ἀπασχολεῖ ἀπὸ μακροῦ τὴν κοινὴν γνώμην τῆς χώρας καὶ τοὺς ἁρμοδίους κύκλους.
ΔΥΟ ΑΓΡΟΤΑΙ ΔΙΑ ΤΗΝ ΑΡΠΑΓΗΝ ΤΗΣ ΘΥΓΑΤΡΟΣ ΤΟΥ ΠΛΟΙΑΡΧΟΥ
ΑΘΗΝΑΙ, 4.— ρήνην καὶ τῆς κυβερνήσεως αὐτῆς ὑπὸ τὴν ἐπίβλεψιν τῶν ἁρμοδίων ἀρχῶν, αἵτινες ἀπεφάσισαν τὴν ἄμεσον ἐφαρμογὴν τῶν ληφθέντων μέτρων. Κατὰ τὰς πληροφορίας, αἱ συζητήσεις συνεχίσθησαν καθ’ ὅλην τὴν διάρκειαν τῆς ἡμέρας, ἐνῶ οἱ ἐκπρόσωποι τῶν ἐνδιαφερομένων ὀργανώσεων ἐδήλωσαν ὅτι θὰ ὑποβάλουν ὑπόμνημα πρὸς τὸ ἁρμόδιον ὑπουργεῖον. Ἐπίσης ἀνεκοινώθη ὅτι ἡ ἐπιτροπὴ θὰ συνέλθῃ ἐκ νέου ἐντὸς τῆς προσεχοῦς ἑβδομάδος διὰ νὰ ἐξετάσῃ τὰς προτάσεις καὶ νὰ λάβῃ τὰς τελικὰς ἀποφάσεις ἐπὶ τοῦ ζητήματος, τὸ ὁποῖον ἀπασχολεῖ ἀπὸ μακροῦ τὴν κοινὴν γνώμην τῆς χώρας καὶ τοὺς ἁρμοδίους κύκλους.
ΑΘΗΝΑΙΩΝ Ο ΗΜΙΟΝΟΣ ΚΑΙ Ο ΑΣΤΟΣ ΑΜΦΙΤΡΙΤΗΣ ΕΠΕΣΕΝ ΕΚ ΤΟΥ ΚΑΡΡΟΥ ΤΡΑΥΜΑΤΙΣΘΕΙΣ ΣΟΒΑΡΩΣ
Ο αγρότης, 2.— ρήνην καὶ τῆς κυβερνήσεως αὐτῆς ὑπὸ τὴν ἐπίβλεψιν τῶν ἁρμοδίων ἀρχῶν, αἵτινες ἀπεφάσισαν τὴν ἄμεσον ἐφαρμογὴν τῶν ληφθέντων μέτρων. Κατὰ τὰς πληροφορίας, αἱ συζητήσεις συνεχίσθησαν καθ’ ὅλην τὴν διάρκειαν τῆς ἡμέρας, ἐνῶ οἱ ἐκπρόσωποι τῶν ἐνδιαφερομένων ὀργανώσεων ἐδήλωσαν ὅτι θὰ ὑποβάλουν ὑπόμνημα πρὸς τὸ ἁρμόδιον ὑπουργεῖον. Ἐπίσης ἀνεκοινώθη ὅτι ἡ ἐπιτροπὴ θὰ συνέλθῃ ἐκ νέου ἐντὸς τῆς προσεχοῦς ἑβδομάδος διὰ νὰ ἐξετάσῃ τὰς προτάσεις καὶ νὰ λάβῃ τὰς τελικὰς ἀποφάσεις ἐπὶ τοῦ ζητήματος, τὸ ὁποῖον ἀπασχολεῖ ἀπὸ μακροῦ τὴν κοινὴν γνώμην τῆς χώρας καὶ τοὺς ἁρμοδίους κύκλους.
ΣΥΝΕΛΗΦΘΗΣΑΝ ΔΥΟ ΦΥΓΟΔΙΚΟΙ ΚΑΤΑΔΙΚΑΣΘΕΝΤΕΣ ΕΙΣ ΥΠΕΞΑΙΡΕΣΙ
Ο Θεσ. Δημόπουλος, 4.— ρήνην καὶ τῆς κυβερνήσεως αὐτῆς ὑπὸ τὴν ἐπίβλεψιν τῶν ἁρμοδίων ἀρχῶν, αἵτινες ἀπεφάσισαν τὴν ἄμεσον ἐφαρμογὴν τῶν ληφθέντων μέτρων. Κατὰ τὰς πληροφορίας, αἱ συζητήσεις συνεχίσθησαν καθ’ ὅλην τὴν διάρκειαν τῆς ἡμέρας, ἐνῶ οἱ ἐκπρόσωποι τῶν ἐνδιαφερομένων ὀργανώσεων ἐδήλωσαν ὅτι θὰ ὑποβάλουν ὑπόμνημα πρὸς τὸ ἁρμόδιον ὑπουργεῖον. Ἐπίσης ἀνεκοινώθη ὅτι ἡ ἐπιτροπὴ θὰ συνέλθῃ ἐκ νέου ἐντὸς τῆς προσεχοῦς ἑβδομάδος διὰ νὰ ἐξετάσῃ τὰς προτάσεις καὶ νὰ λάβῃ τὰς τελικὰς ἀποφάσεις ἐπὶ τοῦ ζητήματος, τὸ ὁποῖον ἀπασχολεῖ ἀπὸ μακροῦ τὴν κοινὴν γνώμην τῆς χώρας καὶ τοὺς ἁρμοδίους κύκλους.
ΚΑΤΑΔΙΚΗ ΕΡΓΟΛΑΒΟΥ ΠΡΟΚΑΛΕΣΑΝΤΟΣ ΕΞ ΑΜΕΛΕΙΑΣ ΤΟΥ ΠΛΗΜΜΥΡΑΣ
ΑΘΗΝΑΙ, 4.— ρήνην καὶ τῆς κυβερνήσεως αὐτῆς ὑπὸ τὴν ἐπίβλεψιν τῶν ἁρμοδίων ἀρχῶν, αἵτινες ἀπεφάσισαν τὴν ἄμεσον ἐφαρμογὴν τῶν ληφθέντων μέτρων. Κατὰ τὰς πληροφορίας, αἱ συζητήσεις συνεχίσθησαν καθ’ ὅλην τὴν διάρκειαν τῆς ἡμέρας, ἐνῶ οἱ ἐκπρόσωποι τῶν ἐνδιαφερομένων ὀργανώσεων ἐδήλωσαν ὅτι θὰ ὑποβάλουν ὑπόμνημα πρὸς τὸ ἁρμόδιον ὑπουργεῖον. Ἐπίσης ἀνεκοινώθη ὅτι ἡ ἐπιτροπὴ θὰ συνέλθῃ ἐκ νέου ἐντὸς τῆς προσεχοῦς ἑβδομάδος διὰ νὰ ἐξετάσῃ τὰς προτάσεις καὶ νὰ λάβῃ τὰς τελικὰς ἀποφάσεις ἐπὶ τοῦ ζητήματος, τὸ ὁποῖον ἀπασχολεῖ ἀπὸ μακροῦ τὴν κοινὴν γνώμην τῆς χώρας καὶ τοὺς ἁρμοδίους κύκλους.
Η ΑΠΟΓΡΑΦΗ ΤΩΝ ΔΗΜΟΣΙΩΝ ΥΠΑΛΛΗΛΩΝ
ΑΘΗΝΑΙ, 4.— ρήνην καὶ τῆς κυβερνήσεως αὐτῆς ὑπὸ τὴν ἐπίβλεψιν τῶν ἁρμοδίων ἀρχῶν, αἵτινες ἀπεφάσισαν τὴν ἄμεσον ἐφαρμογὴν τῶν ληφθέντων μέτρων. Κατὰ τὰς πληροφορίας, αἱ συζητήσεις συνεχίσθησαν καθ’ ὅλην τὴν διάρκειαν τῆς ἡμέρας, ἐνῶ οἱ ἐκπρόσωποι τῶν ἐνδιαφερομένων ὀργανώσεων ἐδήλωσαν ὅτι θὰ ὑποβάλουν ὑπόμνημα πρὸς τὸ ἁρμόδιον ὑπουργεῖον. Ἐπίσης ἀνεκοινώθη ὅτι ἡ ἐπιτροπὴ θὰ συνέλθῃ ἐκ νέου ἐντὸς τῆς προσεχοῦς ἑβδομάδος διὰ νὰ ἐξετάσῃ τὰς προτάσεις καὶ νὰ λάβῃ τὰς τελικὰς ἀποφάσεις ἐπὶ τοῦ ζητήματος, τὸ ὁποῖον ἀπασχολεῖ ἀπὸ μακροῦ τὴν κοινὴν γνώμην τῆς χώρας καὶ τοὺς ἁρμοδίους κύκλους.
ΑΠΟΚΗ ΧΑΡΑΚΤΗΡΙΖΟΥΝ ΟΙ ΚΑΠΝΟΠΑΡΑΓΩΓΟΙ ΤΗΝ ΕΝΟΛ/ΧΙΚΗΝ ΕΙΣΦΟΡΑΝ
ΚΟΜΟΤΗΝΗ, 4.— ρήνην καὶ τῆς κυβερνήσεως αὐτῆς ὑπὸ τὴν ἐπίβλεψιν τῶν ἁρμοδίων ἀρχῶν, αἵτινες ἀπεφάσισαν τὴν ἄμεσον ἐφαρμογὴν τῶν ληφθέντων μέτρων. Κατὰ τὰς πληροφορίας, αἱ συζητήσεις συνεχίσθησαν καθ’ ὅλην τὴν διάρκειαν τῆς ἡμέρας, ἐνῶ οἱ ἐκπρόσωποι τῶν ἐνδιαφερομένων ὀργανώσεων ἐδήλωσαν ὅτι θὰ ὑποβάλουν ὑπόμνημα πρὸς τὸ ἁρμόδιον ὑπουργεῖον. Ἐπίσης ἀνεκοινώθη ὅτι ἡ ἐπιτροπὴ θὰ συνέλθῃ ἐκ νέου ἐντὸς τῆς προσεχοῦς ἑβδομάδος διὰ νὰ ἐξετάσῃ τὰς προτάσεις καὶ νὰ λάβῃ τὰς τελικὰς ἀποφάσεις ἐπὶ τοῦ ζητήματος, τὸ ὁποῖον ἀπασχολεῖ ἀπὸ μακροῦ τὴν κοινὴν γνώμην τῆς χώρας καὶ τοὺς ἁρμοδίους κύκλους.
ΕΚΚΑΘΑΡΙΖΕΤΑΙ ΤΟ ΜΗΤΡΩΟΝ ΔΙΚΗΓΟΡΩΝ ΤΩΝ ΑΘΗΝΩΝ
ΑΘΗΝΑΙ, 4.— ρήνην καὶ τῆς κυβερνήσεως αὐτῆς ὑπὸ τὴν ἐπίβλεψιν τῶν ἁρμοδίων ἀρχῶν, αἵτινες ἀπεφάσισαν τὴν ἄμεσον ἐφαρμογὴν τῶν ληφθέντων μέτρων. Κατὰ τὰς πληροφορίας, αἱ συζητήσεις συνεχίσθησαν καθ’ ὅλην τὴν διάρκειαν τῆς ἡμέρας, ἐνῶ οἱ ἐκπρόσωποι τῶν ἐνδιαφερομένων ὀργανώσεων ἐδήλωσαν ὅτι θὰ ὑποβάλουν ὑπόμνημα πρὸς τὸ ἁρμόδιον ὑπουργεῖον. Ἐπίσης ἀνεκοινώθη ὅτι ἡ ἐπιτροπὴ θὰ συνέλθῃ ἐκ νέου ἐντὸς τῆς προσεχοῦς ἑβδομάδος διὰ νὰ ἐξετάσῃ τὰς προτάσεις καὶ νὰ λάβῃ τὰς τελικὰς ἀποφάσεις ἐπὶ τοῦ ζητήματος, τὸ ὁποῖον ἀπασχολεῖ ἀπὸ μακροῦ τὴν κοινὴν γνώμην τῆς χώρας καὶ τοὺς ἁρμοδίους κύκλους.
Η ΣΥΓΚΕΝΤΡΩΣΙΣ ΣΙΤΟΥ ΕΙΣ ΤΟΝ ΝΟΜΟΝ ΣΕΡΡΩΝ
ΣΕΡΡΑΙ, 4.— ρήνην καὶ τῆς κυβερνήσεως αὐτῆς ὑπὸ τὴν ἐπίβλεψιν τῶν ἁρμοδίων ἀρχῶν, αἵτινες ἀπεφάσισαν τὴν ἄμεσον ἐφαρμογὴν τῶν ληφθέντων μέτρων. Κατὰ τὰς πληροφορίας, αἱ συζητήσεις συνεχίσθησαν καθ’ ὅλην τὴν διάρκειαν τῆς ἡμέρας, ἐνῶ οἱ ἐκπρόσωποι τῶν ἐνδιαφερομένων ὀργανώσεων ἐδήλωσαν ὅτι θὰ ὑποβάλουν ὑπόμνημα πρὸς τὸ ἁρμόδιον ὑπουργεῖον. Ἐπίσης ἀνεκοινώθη ὅτι ἡ ἐπιτροπὴ θὰ συνέλθῃ ἐκ νέου ἐντὸς τῆς προσεχοῦς ἑβδομάδος διὰ νὰ ἐξετάσῃ τὰς προτάσεις καὶ νὰ λάβῃ τὰς τελικὰς ἀποφάσεις ἐπὶ τοῦ ζητήματος, τὸ ὁποῖον ἀπασχολεῖ ἀπὸ μακροῦ τὴν κοινὴν γνώμην τῆς χώρας καὶ τοὺς ἁρμοδίους κύκλους.
ΔΙΣΤΑΜΕΝΟΙ ΟΙΚΤΡΟΣ ΥΠΟ ΑΥΤΟΚΙΝΗΤΟΥ
ΤΡΙΚΑΛΑ, 4.— ρήνην καὶ τῆς κυβερνήσεως αὐτῆς ὑπὸ τὴν ἐπίβλεψιν τῶν ἁρμοδίων ἀρχῶν, αἵτινες ἀπεφάσισαν τὴν ἄμεσον ἐφαρμογὴν τῶν ληφθέντων μέτρων. Κατὰ τὰς πληροφορίας, αἱ συζητήσεις συνεχίσθησαν καθ’ ὅλην τὴν διάρκειαν τῆς ἡμέρας, ἐνῶ οἱ ἐκπρόσωποι τῶν ἐνδιαφερομένων ὀργανώσεων ἐδήλωσαν ὅτι θὰ ὑποβάλουν ὑπόμνημα πρὸς τὸ ἁρμόδιον ὑπουργεῖον. Ἐπίσης ἀνεκοινώθη ὅτι ἡ ἐπιτροπὴ θὰ συνέλθῃ ἐκ νέου ἐντὸς τῆς προσεχοῦς ἑβδομάδος διὰ νὰ ἐξετάσῃ τὰς προτάσεις καὶ νὰ λάβῃ τὰς τελικὰς ἀποφάσεις ἐπὶ τοῦ ζητήματος, τὸ ὁποῖον ἀπασχολεῖ ἀπὸ μακροῦ τὴν κοινὴν γνώμην τῆς χώρας καὶ τοὺς ἁρμοδίους κύκλους.
ΑΝΟΔΟΝ ΕΜΦΑΝΙΖΕΙ Η ΒΙΟΜΗΧΑΝΙΚΗ ΠΑΡΑΓΩΓΗ
ΑΘΗΝΑΙ, 4.— ρήνην καὶ τῆς κυβερνήσεως αὐτῆς ὑπὸ τὴν ἐπίβλεψιν τῶν ἁρμοδίων ἀρχῶν, αἵτινες ἀπεφάσισαν τὴν ἄμεσον ἐφαρμογὴν τῶν ληφθέντων μέτρων. Κατὰ τὰς πληροφορίας, αἱ συζητήσεις συνεχίσθησαν καθ’ ὅλην τὴν διάρκειαν τῆς ἡμέρας, ἐνῶ οἱ ἐκπρόσωποι τῶν ἐνδιαφερομένων ὀργανώσεων ἐδήλωσαν ὅτι θὰ ὑποβάλουν ὑπόμνημα πρὸς τὸ ἁρμόδιον ὑπουργεῖον. Ἐπίσης ἀνεκοινώθη ὅτι ἡ ἐπιτροπὴ θὰ συνέλθῃ ἐκ νέου ἐντὸς τῆς προσεχοῦς ἑβδομάδος διὰ νὰ ἐξετάσῃ τὰς προτάσεις καὶ νὰ λάβῃ τὰς τελικὰς ἀποφάσεις ἐπὶ τοῦ ζητήματος, τὸ ὁποῖον ἀπασχολεῖ ἀπὸ μακροῦ τὴν κοινὴν γνώμην τῆς χώρας καὶ τοὺς ἁρμοδίους κύκλους.
ΟΙ ΕΡΓΑΖΟΜΕΝΟΙ ΜΑΘΗΤΑΙ
ΑΘΗΝΑΙ, 4.— ρήνην καὶ τῆς κυβερνήσεως αὐτῆς ὑπὸ τὴν ἐπίβλεψιν τῶν ἁρμοδίων ἀρχῶν, αἵτινες ἀπεφάσισαν τὴν ἄμεσον ἐφαρμογὴν τῶν ληφθέντων μέτρων. Κατὰ τὰς πληροφορίας, αἱ συζητήσεις συνεχίσθησαν καθ’ ὅλην τὴν διάρκειαν τῆς ἡμέρας, ἐνῶ οἱ ἐκπρόσωποι τῶν ἐνδιαφερομένων ὀργανώσεων ἐδήλωσαν ὅτι θὰ ὑποβάλουν ὑπόμνημα πρὸς τὸ ἁρμόδιον ὑπουργεῖον. Ἐπίσης ἀνεκοινώθη ὅτι ἡ ἐπιτροπὴ θὰ συνέλθῃ ἐκ νέου ἐντὸς τῆς προσεχοῦς ἑβδομάδος διὰ νὰ ἐξετάσῃ τὰς προτάσεις καὶ νὰ λάβῃ τὰς τελικὰς ἀποφάσεις ἐπὶ τοῦ ζητήματος, τὸ ὁποῖον ἀπασχολεῖ ἀπὸ μακροῦ τὴν κοινὴν γνώμην τῆς χώρας καὶ τοὺς ἁρμοδίους κύκλους.
Ο Κ. ΣΤΗΒΕΝΣΟΝ ΠΙΣΤΕΥΕΙ ΟΤΙ ΣΥΝΤΟΜΩΣ
ΘΑ ΣΗΜΕΙΩΘΟΥΝ ΑΠΟΦΑΣΙΣΤΙΚΑΙ
ΕΞΕΛΙΞΕΙΣ ΕΙΣ ΤΟ ΘΕΜΑ ΤΗΣ ΤΥΝΙΔΟΣ
ΗΝΩΜΕΝΑ ΕΘΝΗ, Νέα Ὑόρκη, 4.— ρήνην καὶ τῆς κυβερνήσεως αὐτῆς ὑπὸ τὴν ἐπίβλεψιν τῶν ἁρμοδίων ἀρχῶν, αἵτινες ἀπεφάσισαν τὴν ἄμεσον ἐφαρμογὴν τῶν ληφθέντων μέτρων. Κατὰ τὰς πληροφορίας, αἱ συζητήσεις συνεχίσθησαν καθ’ ὅλην τὴν διάρκειαν τῆς ἡμέρας, ἐνῶ οἱ ἐκπρόσωποι τῶν ἐνδιαφερομένων ὀργανώσεων ἐδήλωσαν ὅτι θὰ ὑποβάλουν ὑπόμνημα πρὸς τὸ ἁρμόδιον ὑπουργεῖον. Ἐπίσης ἀνεκοινώθη ὅτι ἡ ἐπιτροπὴ θὰ συνέλθῃ ἐκ νέου ἐντὸς τῆς προσεχοῦς ἑβδομάδος διὰ νὰ ἐξετάσῃ τὰς προτάσεις καὶ νὰ λάβῃ τὰς τελικὰς ἀποφάσεις ἐπὶ τοῦ ζητήματος, τὸ ὁποῖον ἀπασχολεῖ ἀπὸ μακροῦ τὴν κοινὴν γνώμην τῆς χώρας καὶ τοὺς ἁρμοδίους κύκλους. ρήνην καὶ τῆς κυβερνήσεως αὐτῆς ὑπὸ τὴν ἐπίβλεψιν τῶν ἁρμοδίων ἀρχῶν, αἵτινες ἀπεφάσισαν τὴν ἄμεσον ἐφαρμογὴν τῶν ληφθέντων μέτρων. Κατὰ τὰς πληροφορίας, αἱ συζητήσεις συνεχίσθησαν καθ’ ὅλην τὴν διάρκειαν τῆς ἡμέρας, ἐνῶ οἱ ἐκπρόσωποι τῶν ἐνδιαφερομένων ὀργανώσεων ἐδήλωσαν ὅτι θὰ ὑποβάλουν ὑπόμνημα πρὸς τὸ ἁρμόδιον ὑπουργεῖον. Ἐπίσης ἀνεκοινώθη ὅτι ἡ ἐπιτροπὴ θὰ συνέλθῃ ἐκ νέου ἐντὸς τῆς προσεχοῦς ἑβδομάδος διὰ νὰ ἐξετάσῃ τὰς προτάσεις καὶ νὰ λάβῃ τὰς τελικὰς ἀποφάσεις ἐπὶ τοῦ ζητήματος, τὸ ὁποῖον ἀπασχολεῖ ἀπὸ μακροῦ τὴν κοινὴν γνώμην τῆς χώρας καὶ τοὺς ἁρμοδίους κύκλους.
ΕΙΣ ΤΗΝ Η.Β.
ρήνην καὶ τῆς κυβερνήσεως αὐτῆς ὑπὸ τὴν ἐπίβλεψιν τῶν ἁρμοδίων ἀρχῶν, αἵτινες ἀπεφάσισαν τὴν ἄμεσον ἐφαρμογὴν τῶν ληφθέντων μέτρων. Κατὰ τὰς πληροφορίας, αἱ συζητήσεις συνεχίσθησαν καθ’ ὅλην τὴν διάρκειαν τῆς ἡμέρας, ἐνῶ οἱ ἐκπρόσωποι τῶν ἐνδιαφερομένων ὀργανώσεων ἐδήλωσαν ὅτι θὰ ὑποβάλουν ὑπόμνημα πρὸς τὸ ἁρμόδιον ὑπουργεῖον. Ἐπίσης ἀνεκοινώθη ὅτι ἡ ἐπιτροπὴ θὰ συνέλθῃ ἐκ νέου ἐντὸς τῆς προσεχοῦς ἑβδομάδος διὰ νὰ ἐξετάσῃ τὰς προτάσεις καὶ νὰ λάβῃ τὰς τελικὰς ἀποφάσεις ἐπὶ τοῦ ζητήματος, τὸ ὁποῖον ἀπασχολεῖ ἀπὸ μακροῦ τὴν κοινὴν γνώμην τῆς χώρας καὶ τοὺς ἁρμοδίους κύκλους.
ΕΙΣ ΤΟ ΠΑΚΙΣΤΑΝ
ΡΑΒΑΛΠΙΝΔΙ, 4. (Ἀσ. Πρ.).— ρήνην καὶ τῆς κυβερνήσεως αὐτῆς ὑπὸ τὴν ἐπίβλεψιν τῶν ἁρμοδίων ἀρχῶν, αἵτινες ἀπεφάσισαν τὴν ἄμεσον ἐφαρμογὴν τῶν ληφθέντων μέτρων. Κατὰ τὰς πληροφορίας, αἱ συζητήσεις συνεχίσθησαν καθ’ ὅλην τὴν διάρκειαν τῆς ἡμέρας, ἐνῶ οἱ ἐκπρόσωποι τῶν ἐνδιαφερομένων ὀργανώσεων ἐδήλωσαν ὅτι θὰ ὑποβάλουν ὑπόμνημα πρὸς τὸ ἁρμόδιον ὑπουργεῖον. Ἐπίσης ἀνεκοινώθη ὅτι ἡ ἐπιτροπὴ θὰ συνέλθῃ ἐκ νέου ἐντὸς τῆς προσεχοῦς ἑβδομάδος διὰ νὰ ἐξετάσῃ τὰς προτάσεις καὶ νὰ λάβῃ τὰς τελικὰς ἀποφάσεις ἐπὶ τοῦ ζητήματος, τὸ ὁποῖον ἀπασχολεῖ ἀπὸ μακροῦ τὴν κοινὴν γνώμην τῆς χώρας καὶ τοὺς ἁρμοδίους κύκλους. ΝΤΑΚΑΡ, 4. (Ρώυτερ).— ρήνην καὶ τῆς κυβερνήσεως αὐτῆς ὑπὸ τὴν ἐπίβλεψιν τῶν ἁρμοδίων ἀρχῶν, αἵτινες ἀπεφάσισαν τὴν ἄμεσον ἐφαρμογὴν τῶν ληφθέντων μέτρων. Κατὰ τὰς πληροφορίας, αἱ συζητήσεις συνεχίσθησαν καθ’ ὅλην τὴν διάρκειαν τῆς ἡμέρας, ἐνῶ οἱ ἐκπρόσωποι τῶν ἐνδιαφερομένων ὀργανώσεων ἐδήλωσαν ὅτι θὰ ὑποβάλουν ὑπόμνημα πρὸς τὸ ἁρμόδιον ὑπουργεῖον. Ἐπίσης ἀνεκοινώθη ὅτι ἡ ἐπιτροπὴ θὰ συνέλθῃ ἐκ νέου ἐντὸς τῆς προσεχοῦς ἑβδομάδος διὰ νὰ ἐξετάσῃ τὰς προτάσεις καὶ νὰ λάβῃ τὰς τελικὰς ἀποφάσεις ἐπὶ τοῦ ζητήματος, τὸ ὁποῖον ἀπασχολεῖ ἀπὸ μακροῦ τὴν κοινὴν γνώμην τῆς χώρας καὶ τοὺς ἁρμοδίους κύκλους.
Η ΝΕΑ ΔΙΑΚΟΙΝΩΣΙΣ ΤΗΣ ΣΟΒΙΕΤΙΚΗΣ ΕΝΩΣΕΩΣ
ΠΡΟΣ ΤΟΥΣ ΤΡΕΙΣ ΔΥΤΙΚΟΥΣ ΔΙΑ ΤΟ ΒΕΡΟΛΙΝΟΝ
ΣΥΝΕΧΕΙΑ ἐκ τῆς 1ης σελίδος ρήνην καὶ τῆς κυβερνήσεως αὐτῆς ὑπὸ τὴν ἐπίβλεψιν τῶν ἁρμοδίων ἀρχῶν, αἵτινες ἀπεφάσισαν τὴν ἄμεσον ἐφαρμογὴν τῶν ληφθέντων μέτρων. Κατὰ τὰς πληροφορίας, αἱ συζητήσεις συνεχίσθησαν καθ’ ὅλην τὴν διάρκειαν τῆς ἡμέρας, ἐνῶ οἱ ἐκπρόσωποι τῶν ἐνδιαφερομένων ὀργανώσεων ἐδήλωσαν ὅτι θὰ ὑποβάλουν ὑπόμνημα πρὸς τὸ ἁρμόδιον ὑπουργεῖον. Ἐπίσης ἀνεκοινώθη ὅτι ἡ ἐπιτροπὴ θὰ συνέλθῃ ἐκ νέου ἐντὸς τῆς προσεχοῦς ἑβδομάδος διὰ νὰ ἐξετάσῃ τὰς προτάσεις καὶ νὰ λάβῃ τὰς τελικὰς ἀποφάσεις ἐπὶ τοῦ ζητήματος, τὸ ὁποῖον ἀπασχολεῖ ἀπὸ μακροῦ τὴν κοινὴν γνώμην τῆς χώρας καὶ τοὺς ἁρμοδίους κύκλους.
ΕΠΙΘΕΣΙΣ ΚΑΤΑ ΤΗΣ ΓΕΡΜΑΝΙΑΣ
ρήνην καὶ τῆς κυβερνήσεως αὐτῆς ὑπὸ τὴν ἐπίβλεψιν τῶν ἁρμοδίων ἀρχῶν, αἵτινες ἀπεφάσισαν τὴν ἄμεσον ἐφαρμογὴν τῶν ληφθέντων μέτρων. Κατὰ τὰς πληροφορίας, αἱ συζητήσεις συνεχίσθησαν καθ’ ὅλην τὴν διάρκειαν τῆς ἡμέρας, ἐνῶ οἱ ἐκπρόσωποι τῶν ἐνδιαφερομένων ὀργανώσεων ἐδήλωσαν ὅτι θὰ ὑποβάλουν ὑπόμνημα πρὸς τὸ ἁρμόδιον ὑπουργεῖον. Ἐπίσης ἀνεκοινώθη ὅτι ἡ ἐπιτροπὴ θὰ συνέλθῃ ἐκ νέου ἐντὸς τῆς προσεχοῦς ἑβδομάδος διὰ νὰ ἐξετάσῃ τὰς προτάσεις καὶ νὰ λάβῃ τὰς τελικὰς ἀποφάσεις ἐπὶ τοῦ ζητήματος, τὸ ὁποῖον ἀπασχολεῖ ἀπὸ μακροῦ τὴν κοινὴν γνώμην τῆς χώρας καὶ τοὺς ἁρμοδίους κύκλους.
Η ΓΕΡΜΑΝΙΚΗ ΕΝΟΤΗΣ
ρήνην καὶ τῆς κυβερνήσεως αὐτῆς ὑπὸ τὴν ἐπίβλεψιν τῶν ἁρμοδίων ἀρχῶν, αἵτινες ἀπεφάσισαν τὴν ἄμεσον ἐφαρμογὴν τῶν ληφθέντων μέτρων. Κατὰ τὰς πληροφορίας, αἱ συζητήσεις συνεχίσθησαν καθ’ ὅλην τὴν διάρκειαν τῆς ἡμέρας, ἐνῶ οἱ ἐκπρόσωποι τῶν ἐνδιαφερομένων ὀργανώσεων ἐδήλωσαν ὅτι θὰ ὑποβάλουν ὑπόμνημα πρὸς τὸ ἁρμόδιον ὑπουργεῖον. Ἐπίσης ἀνεκοινώθη ὅτι ἡ ἐπιτροπὴ θὰ συνέλθῃ ἐκ νέου ἐντὸς τῆς προσεχοῦς ἑβδομάδος διὰ νὰ ἐξετάσῃ τὰς προτάσεις καὶ νὰ λάβῃ τὰς τελικὰς ἀποφάσεις ἐπὶ τοῦ ζητήματος, τὸ ὁποῖον ἀπασχολεῖ ἀπὸ μακροῦ τὴν κοινὴν γνώμην τῆς χώρας καὶ τοὺς ἁρμοδίους κύκλους.
Η ΠΡΟΣ ΒΟΝΝΗΝ ΕΝΤΟΝΟΣ
ρήνην καὶ τῆς κυβερνήσεως αὐτῆς ὑπὸ τὴν ἐπίβλεψιν τῶν ἁρμοδίων ἀρχῶν, αἵτινες ἀπεφάσισαν τὴν ἄμεσον ἐφαρμογὴν τῶν ληφθέντων μέτρων. Κατὰ τὰς πληροφορίας, αἱ συζητήσεις συνεχίσθησαν καθ’ ὅλην τὴν διάρκειαν τῆς ἡμέρας, ἐνῶ οἱ ἐκπρόσωποι τῶν ἐνδιαφερομένων ὀργανώσεων ἐδήλωσαν ὅτι θὰ ὑποβάλουν ὑπόμνημα πρὸς τὸ ἁρμόδιον ὑπουργεῖον. Ἐπίσης ἀνεκοινώθη ὅτι ἡ ἐπιτροπὴ θὰ συνέλθῃ ἐκ νέου ἐντὸς τῆς προσεχοῦς ἑβδομάδος διὰ νὰ ἐξετάσῃ τὰς προτάσεις καὶ νὰ λάβῃ τὰς τελικὰς ἀποφάσεις ἐπὶ τοῦ ζητήματος, τὸ ὁποῖον ἀπασχολεῖ ἀπὸ μακροῦ τὴν κοινὴν γνώμην τῆς χώρας καὶ τοὺς ἁρμοδίους κύκλους.
ΕΑΝ ΔΕΝ ΕΠΕΛΘΗ ΣΥΜΦΩΝΙΑ
ρήνην καὶ τῆς κυβερνήσεως αὐτῆς ὑπὸ τὴν ἐπίβλεψιν τῶν ἁρμοδίων ἀρχῶν, αἵτινες ἀπεφάσισαν τὴν ἄμεσον ἐφαρμογὴν τῶν ληφθέντων μέτρων. Κατὰ τὰς πληροφορίας, αἱ συζητήσεις συνεχίσθησαν καθ’ ὅλην τὴν διάρκειαν τῆς ἡμέρας, ἐνῶ οἱ ἐκπρόσωποι τῶν ἐνδιαφερομένων ὀργανώσεων ἐδήλωσαν ὅτι θὰ ὑποβάλουν ὑπόμνημα πρὸς τὸ ἁρμόδιον ὑπουργεῖον. Ἐπίσης ἀνεκοινώθη ὅτι ἡ ἐπιτροπὴ θὰ συνέλθῃ ἐκ νέου ἐντὸς τῆς προσεχοῦς ἑβδομάδος διὰ νὰ ἐξετάσῃ τὰς προτάσεις καὶ νὰ λάβῃ τὰς τελικὰς ἀποφάσεις ἐπὶ τοῦ ζητήματος, τὸ ὁποῖον ἀπασχολεῖ ἀπὸ μακροῦ τὴν κοινὴν γνώμην τῆς χώρας καὶ τοὺς ἁρμοδίους κύκλους.
ΘΑ ΛΕΙΨΟΥΝ ΤΑ ΕΡΕΙΣΜΑΤΑ
ρήνην καὶ τῆς κυβερνήσεως αὐτῆς ὑπὸ τὴν ἐπίβλεψιν τῶν ἁρμοδίων ἀρχῶν, αἵτινες ἀπεφάσισαν τὴν ἄμεσον ἐφαρμογὴν τῶν ληφθέντων μέτρων. Κατὰ τὰς πληροφορίας, αἱ συζητήσεις συνεχίσθησαν καθ’ ὅλην τὴν διάρκειαν τῆς ἡμέρας, ἐνῶ οἱ ἐκπρόσωποι τῶν ἐνδιαφερομένων ὀργανώσεων ἐδήλωσαν ὅτι θὰ ὑποβάλουν ὑπόμνημα πρὸς τὸ ἁρμόδιον ὑπουργεῖον. Ἐπίσης ἀνεκοινώθη ὅτι ἡ ἐπιτροπὴ θὰ συνέλθῃ ἐκ νέου ἐντὸς τῆς προσεχοῦς ἑβδομάδος διὰ νὰ ἐξετάσῃ τὰς προτάσεις καὶ νὰ λάβῃ τὰς τελικὰς ἀποφάσεις ἐπὶ τοῦ ζητήματος, τὸ ὁποῖον ἀπασχολεῖ ἀπὸ μακροῦ τὴν κοινὴν γνώμην τῆς χώρας καὶ τοὺς ἁρμοδίους κύκλους.
ΔΕΝ ΧΩΡΙΣΤΑΙ ΣΥΝΟΜΙΑΙ
ΜΟΣΧΑ, 4. (Ρώυτερ).— ρήνην καὶ τῆς κυβερνήσεως αὐτῆς ὑπὸ τὴν ἐπίβλεψιν τῶν ἁρμοδίων ἀρχῶν, αἵτινες ἀπεφάσισαν τὴν ἄμεσον ἐφαρμογὴν τῶν ληφθέντων μέτρων. Κατὰ τὰς πληροφορίας, αἱ συζητήσεις συνεχίσθησαν καθ’ ὅλην τὴν διάρκειαν τῆς ἡμέρας, ἐνῶ οἱ ἐκπρόσωποι τῶν ἐνδιαφερομένων ὀργανώσεων ἐδήλωσαν ὅτι θὰ ὑποβάλουν ὑπόμνημα πρὸς τὸ ἁρμόδιον ὑπουργεῖον. Ἐπίσης ἀνεκοινώθη ὅτι ἡ ἐπιτροπὴ θὰ συνέλθῃ ἐκ νέου ἐντὸς τῆς προσεχοῦς ἑβδομάδος διὰ νὰ ἐξετάσῃ τὰς προτάσεις καὶ νὰ λάβῃ τὰς τελικὰς ἀποφάσεις ἐπὶ τοῦ ζητήματος, τὸ ὁποῖον ἀπασχολεῖ ἀπὸ μακροῦ τὴν κοινὴν γνώμην τῆς χώρας καὶ τοὺς ἁρμοδίους κύκλους.
ΜΙΚΡΑΣ ΜΕΤΑΒΟΛΑΣ ΤΩΝ ΡΩΣΣΙΚΩΝ ΑΠΟΨΕΩΝ
ΠΕΡΙΕΧΕΙ Η ΝΕΑ ΜΕΤΡΙΟΠΑΘΗΣ ΔΙΑΚΟΙΝΩΣΙΣ
ΜΟΣΧΑ, 4. (Ρώυτερ).— ρήνην καὶ τῆς κυβερνήσεως αὐτῆς ὑπὸ τὴν ἐπίβλεψιν τῶν ἁρμοδίων ἀρχῶν, αἵτινες ἀπεφάσισαν τὴν ἄμεσον ἐφαρμογὴν τῶν ληφθέντων μέτρων. Κατὰ τὰς πληροφορίας, αἱ συζητήσεις συνεχίσθησαν καθ’ ὅλην τὴν διάρκειαν τῆς ἡμέρας, ἐνῶ οἱ ἐκπρόσωποι τῶν ἐνδιαφερομένων ὀργανώσεων ἐδήλωσαν ὅτι θὰ ὑποβάλουν ὑπόμνημα πρὸς τὸ ἁρμόδιον ὑπουργεῖον. Ἐπίσης ἀνεκοινώθη ὅτι ἡ ἐπιτροπὴ θὰ συνέλθῃ ἐκ νέου ἐντὸς τῆς προσεχοῦς ἑβδομάδος διὰ νὰ ἐξετάσῃ τὰς προτάσεις καὶ νὰ λάβῃ τὰς τελικὰς ἀποφάσεις ἐπὶ τοῦ ζητήματος, τὸ ὁποῖον ἀπασχολεῖ ἀπὸ μακροῦ τὴν κοινὴν γνώμην τῆς χώρας καὶ τοὺς ἁρμοδίους κύκλους.
ΜΙΚΡΑΙ ΜΕΤΑΒΟΛΑΙ
ΛΟΝΔΙΝΟΝ, 4. (Ρώυτερ).— ρήνην καὶ τῆς κυβερνήσεως αὐτῆς ὑπὸ τὴν ἐπίβλεψιν τῶν ἁρμοδίων ἀρχῶν, αἵτινες ἀπεφάσισαν τὴν ἄμεσον ἐφαρμογὴν τῶν ληφθέντων μέτρων. Κατὰ τὰς πληροφορίας, αἱ συζητήσεις συνεχίσθησαν καθ’ ὅλην τὴν διάρκειαν τῆς ἡμέρας, ἐνῶ οἱ ἐκπρόσωποι τῶν ἐνδιαφερομένων ὀργανώσεων ἐδήλωσαν ὅτι θὰ ὑποβάλουν ὑπόμνημα πρὸς τὸ ἁρμόδιον ὑπουργεῖον. Ἐπίσης ἀνεκοινώθη ὅτι ἡ ἐπιτροπὴ θὰ συνέλθῃ ἐκ νέου ἐντὸς τῆς προσεχοῦς ἑβδομάδος διὰ νὰ ἐξετάσῃ τὰς προτάσεις καὶ νὰ λάβῃ τὰς τελικὰς ἀποφάσεις ἐπὶ τοῦ ζητήματος, τὸ ὁποῖον ἀπασχολεῖ ἀπὸ μακροῦ τὴν κοινὴν γνώμην τῆς χώρας καὶ τοὺς ἁρμοδίους κύκλους.
ΑΙ ΓΕΡΜΑΝΙΚΑΙ ΜΕΡΙΜΝΑΙ
ΒΟΝΝΗ, 4. (Ρώυτερ).— ρήνην καὶ τῆς κυβερνήσεως αὐτῆς ὑπὸ τὴν ἐπίβλεψιν τῶν ἁρμοδίων ἀρχῶν, αἵτινες ἀπεφάσισαν τὴν ἄμεσον ἐφαρμογὴν τῶν ληφθέντων μέτρων. Κατὰ τὰς πληροφορίας, αἱ συζητήσεις συνεχίσθησαν καθ’ ὅλην τὴν διάρκειαν τῆς ἡμέρας, ἐνῶ οἱ ἐκπρόσωποι τῶν ἐνδιαφερομένων ὀργανώσεων ἐδήλωσαν ὅτι θὰ ὑποβάλουν ὑπόμνημα πρὸς τὸ ἁρμόδιον ὑπουργεῖον. Ἐπίσης ἀνεκοινώθη ὅτι ἡ ἐπιτροπὴ θὰ συνέλθῃ ἐκ νέου ἐντὸς τῆς προσεχοῦς ἑβδομάδος διὰ νὰ ἐξετάσῃ τὰς προτάσεις καὶ νὰ λάβῃ τὰς τελικὰς ἀποφάσεις ἐπὶ τοῦ ζητήματος, τὸ ὁποῖον ἀπασχολεῖ ἀπὸ μακροῦ τὴν κοινὴν γνώμην τῆς χώρας καὶ τοὺς ἁρμοδίους κύκλους.
ΜΕΤΡΙΟΠΑΘΗΣ
ΟΥΑΣΙΓΚΤΩΝ, 4. (Ἀσ. Πρ.).— ρήνην καὶ τῆς κυβερνήσεως αὐτῆς ὑπὸ τὴν ἐπίβλεψιν τῶν ἁρμοδίων ἀρχῶν, αἵτινες ἀπεφάσισαν τὴν ἄμεσον ἐφαρμογὴν τῶν ληφθέντων μέτρων. Κατὰ τὰς πληροφορίας, αἱ συζητήσεις συνεχίσθησαν καθ’ ὅλην τὴν διάρκειαν τῆς ἡμέρας, ἐνῶ οἱ ἐκπρόσωποι τῶν ἐνδιαφερομένων ὀργανώσεων ἐδήλωσαν ὅτι θὰ ὑποβάλουν ὑπόμνημα πρὸς τὸ ἁρμόδιον ὑπουργεῖον. Ἐπίσης ἀνεκοινώθη ὅτι ἡ ἐπιτροπὴ θὰ συνέλθῃ ἐκ νέου ἐντὸς τῆς προσεχοῦς ἑβδομάδος διὰ νὰ ἐξετάσῃ τὰς προτάσεις καὶ νὰ λάβῃ τὰς τελικὰς ἀποφάσεις ἐπὶ τοῦ ζητήματος, τὸ ὁποῖον ἀπασχολεῖ ἀπὸ μακροῦ τὴν κοινὴν γνώμην τῆς χώρας καὶ τοὺς ἁρμοδίους κύκλους.
ΝΕΑ ΠΕΡΙΟΡΙΣΤΙΚΑ ΜΕΤΡΑ
ΒΕΡΟΛΙΝΟΝ, 4. (Ρώυτερ).— ρήνην καὶ τῆς κυβερνήσεως αὐτῆς ὑπὸ τὴν ἐπίβλεψιν τῶν ἁρμοδίων ἀρχῶν, αἵτινες ἀπεφάσισαν τὴν ἄμεσον ἐφαρμογὴν τῶν ληφθέντων μέτρων. Κατὰ τὰς πληροφορίας, αἱ συζητήσεις συνεχίσθησαν καθ’ ὅλην τὴν διάρκειαν τῆς ἡμέρας, ἐνῶ οἱ ἐκπρόσωποι τῶν ἐνδιαφερομένων ὀργανώσεων ἐδήλωσαν ὅτι θὰ ὑποβάλουν ὑπόμνημα πρὸς τὸ ἁρμόδιον ὑπουργεῖον. Ἐπίσης ἀνεκοινώθη ὅτι ἡ ἐπιτροπὴ θὰ συνέλθῃ ἐκ νέου ἐντὸς τῆς προσεχοῦς ἑβδομάδος διὰ νὰ ἐξετάσῃ τὰς προτάσεις καὶ νὰ λάβῃ τὰς τελικὰς ἀποφάσεις ἐπὶ τοῦ ζητήματος, τὸ ὁποῖον ἀπασχολεῖ ἀπὸ μακροῦ τὴν κοινὴν γνώμην τῆς χώρας καὶ τοὺς ἁρμοδίους κύκλους.
ΣΚΛΗΡΑ, ΑΛΛΑ ΜΕΤΡΙΟΠΑΘΗ
ρήνην καὶ τῆς κυβερνήσεως αὐτῆς ὑπὸ τὴν ἐπίβλεψιν τῶν ἁρμοδίων ἀρχῶν, αἵτινες ἀπεφάσισαν τὴν ἄμεσον ἐφαρμογὴν τῶν ληφθέντων μέτρων. Κατὰ τὰς πληροφορίας, αἱ συζητήσεις συνεχίσθησαν καθ’ ὅλην τὴν διάρκειαν τῆς ἡμέρας, ἐνῶ οἱ ἐκπρόσωποι τῶν ἐνδιαφερομένων ὀργανώσεων ἐδήλωσαν ὅτι θὰ ὑποβάλουν ὑπόμνημα πρὸς τὸ ἁρμόδιον ὑπουργεῖον. Ἐπίσης ἀνεκοινώθη ὅτι ἡ ἐπιτροπὴ θὰ συνέλθῃ ἐκ νέου ἐντὸς τῆς προσεχοῦς ἑβδομάδος διὰ νὰ ἐξετάσῃ τὰς προτάσεις καὶ νὰ λάβῃ τὰς τελικὰς ἀποφάσεις ἐπὶ τοῦ ζητήματος, τὸ ὁποῖον ἀπασχολεῖ ἀπὸ μακροῦ τὴν κοινὴν γνώμην τῆς χώρας καὶ τοὺς ἁρμοδίους κύκλους.
ΔΕΝ ΕΙΧΕΝ ΣΠΟΥΔΑΙΟΤΗΤΑ
ρήνην καὶ τῆς κυβερνήσεως αὐτῆς ὑπὸ τὴν ἐπίβλεψιν τῶν ἁρμοδίων ἀρχῶν, αἵτινες ἀπεφάσισαν τὴν ἄμεσον ἐφαρμογὴν τῶν ληφθέντων μέτρων. Κατὰ τὰς πληροφορίας, αἱ συζητήσεις συνεχίσθησαν καθ’ ὅλην τὴν διάρκειαν τῆς ἡμέρας, ἐνῶ οἱ ἐκπρόσωποι τῶν ἐνδιαφερομένων ὀργανώσεων ἐδήλωσαν ὅτι θὰ ὑποβάλουν ὑπόμνημα πρὸς τὸ ἁρμόδιον ὑπουργεῖον. Ἐπίσης ἀνεκοινώθη ὅτι ἡ ἐπιτροπὴ θὰ συνέλθῃ ἐκ νέου ἐντὸς τῆς προσεχοῦς ἑβδομάδος διὰ νὰ ἐξετάσῃ τὰς προτάσεις καὶ νὰ λάβῃ τὰς τελικὰς ἀποφάσεις ἐπὶ τοῦ ζητήματος, τὸ ὁποῖον ἀπασχολεῖ ἀπὸ μακροῦ τὴν κοινὴν γνώμην τῆς χώρας καὶ τοὺς ἁρμοδίους κύκλους. ρήνην καὶ τῆς κυβερνήσεως αὐτῆς ὑπὸ τὴν ἐπίβλεψιν τῶν ἁρμοδίων ἀρχῶν, αἵτινες ἀπεφάσισαν τὴν ἄμεσον ἐφαρμογὴν τῶν ληφθέντων μέτρων. Κατὰ τὰς πληροφορίας, αἱ συζητήσεις συνεχίσθησαν καθ’ ὅλην τὴν διάρκειαν τῆς ἡμέρας, ἐνῶ οἱ ἐκπρόσωποι τῶν ἐνδιαφερομένων ὀργανώσεων ἐδήλωσαν ὅτι θὰ ὑποβάλουν ὑπόμνημα πρὸς τὸ ἁρμόδιον ὑπουργεῖον. Ἐπίσης ἀνεκοινώθη ὅτι ἡ ἐπιτροπὴ θὰ συνέλθῃ ἐκ νέου ἐντὸς τῆς προσεχοῦς ἑβδομάδος διὰ νὰ ἐξετάσῃ τὰς προτάσεις καὶ νὰ λάβῃ τὰς τελικὰς ἀποφάσεις ἐπὶ τοῦ ζητήματος, τὸ ὁποῖον ἀπασχολεῖ ἀπὸ μακροῦ τὴν κοινὴν γνώμην τῆς χώρας καὶ τοὺς ἁρμοδίους κύκλους.
ΔΕΝ ΑΠΕΦΑΣΙΣΘΗ Ο ΧΡΟΝΟΣ ΤΩΝ ΕΚΛΟΓΩΝ ΑΝΑΚΟΙΝΟΥΝ ΟΙ ΚΥΒΕΡΝΗΤΙΚΟΙ
ΑΘΗΝΑΙ, 4.— ρήνην καὶ τῆς κυβερνήσεως αὐτῆς ὑπὸ τὴν ἐπίβλεψιν τῶν ἁρμοδίων ἀρχῶν, αἵτινες ἀπεφάσισαν τὴν ἄμεσον ἐφαρμογὴν τῶν ληφθέντων μέτρων. Κατὰ τὰς πληροφορίας, αἱ συζητήσεις συνεχίσθησαν καθ’ ὅλην τὴν διάρκειαν τῆς ἡμέρας, ἐνῶ οἱ ἐκπρόσωποι τῶν ἐνδιαφερομένων ὀργανώσεων ἐδήλωσαν ὅτι θὰ ὑποβάλουν ὑπόμνημα πρὸς τὸ ἁρμόδιον ὑπουργεῖον. Ἐπίσης ἀνεκοινώθη ὅτι ἡ ἐπιτροπὴ θὰ συνέλθῃ ἐκ νέου ἐντὸς τῆς προσεχοῦς ἑβδομάδος διὰ νὰ ἐξετάσῃ τὰς προτάσεις καὶ νὰ λάβῃ τὰς τελικὰς ἀποφάσεις ἐπὶ τοῦ ζητήματος, τὸ ὁποῖον ἀπασχολεῖ ἀπὸ μακροῦ τὴν κοινὴν γνώμην τῆς χώρας καὶ τοὺς ἁρμοδίους κύκλους.
ΤΟ ΝΕΟΝ ΚΟΜΜΑ ΤΟΥ ΚΑΝΑΔΑ ΥΠΕΡ ΤΗΣ ΠΑΡΑΜΟΝΗΣ ΕΙΣ ΤΟ ΝΑΤΟ
ΟΤΤΑΒΑ, 4. (Ἀσ. Πρ.).— ρήνην καὶ τῆς κυβερνήσεως αὐτῆς ὑπὸ τὴν ἐπίβλεψιν τῶν ἁρμοδίων ἀρχῶν, αἵτινες ἀπεφάσισαν τὴν ἄμεσον ἐφαρμογὴν τῶν ληφθέντων μέτρων. Κατὰ τὰς πληροφορίας, αἱ συζητήσεις συνεχίσθησαν καθ’ ὅλην τὴν διάρκειαν τῆς ἡμέρας, ἐνῶ οἱ ἐκπρόσωποι τῶν ἐνδιαφερομένων ὀργανώσεων ἐδήλωσαν ὅτι θὰ ὑποβάλουν ὑπόμνημα πρὸς τὸ ἁρμόδιον ὑπουργεῖον. Ἐπίσης ἀνεκοινώθη ὅτι ἡ ἐπιτροπὴ θὰ συνέλθῃ ἐκ νέου ἐντὸς τῆς προσεχοῦς ἑβδομάδος διὰ νὰ ἐξετάσῃ τὰς προτάσεις καὶ νὰ λάβῃ τὰς τελικὰς ἀποφάσεις ἐπὶ τοῦ ζητήματος, τὸ ὁποῖον ἀπασχολεῖ ἀπὸ μακροῦ τὴν κοινὴν γνώμην τῆς χώρας καὶ τοὺς ἁρμοδίους κύκλους.
ΕΙΣ ΝΕΚΡΟΣ ΚΑΙ ΔΥΟ ΤΡΑΥΜΑΤΙΑΙ ΕΚ ΤΡΟΧΑΙΩΝ ΑΤΥΧΗΜΑΤΩΝ
ΑΘΗΝΑΙ, 4.— ρήνην καὶ τῆς κυβερνήσεως αὐτῆς ὑπὸ τὴν ἐπίβλεψιν τῶν ἁρμοδίων ἀρχῶν, αἵτινες ἀπεφάσισαν τὴν ἄμεσον ἐφαρμογὴν τῶν ληφθέντων μέτρων. Κατὰ τὰς πληροφορίας, αἱ συζητήσεις συνεχίσθησαν καθ’ ὅλην τὴν διάρκειαν τῆς ἡμέρας, ἐνῶ οἱ ἐκπρόσωποι τῶν ἐνδιαφερομένων ὀργανώσεων ἐδήλωσαν ὅτι θὰ ὑποβάλουν ὑπόμνημα πρὸς τὸ ἁρμόδιον ὑπουργεῖον. Ἐπίσης ἀνεκοινώθη ὅτι ἡ ἐπιτροπὴ θὰ συνέλθῃ ἐκ νέου ἐντὸς τῆς προσεχοῦς ἑβδομάδος διὰ νὰ ἐξετάσῃ τὰς προτάσεις καὶ νὰ λάβῃ τὰς τελικὰς ἀποφάσεις ἐπὶ τοῦ ζητήματος, τὸ ὁποῖον ἀπασχολεῖ ἀπὸ μακροῦ τὴν κοινὴν γνώμην τῆς χώρας καὶ τοὺς ἁρμοδίους κύκλους.
ΥΠΕΚΥΨΕΝ ΕΙΣ ΤΑ ΤΡΑΥΜΑΤΑ
ΚΑΤΕΡΙΝΗ, 4.— ρήνην καὶ τῆς κυβερνήσεως αὐτῆς ὑπὸ τὴν ἐπίβλεψιν τῶν ἁρμοδίων ἀρχῶν, αἵτινες ἀπεφάσισαν τὴν ἄμεσον ἐφαρμογὴν τῶν ληφθέντων μέτρων. Κατὰ τὰς πληροφορίας, αἱ συζητήσεις συνεχίσθησαν καθ’ ὅλην τὴν διάρκειαν τῆς ἡμέρας, ἐνῶ οἱ ἐκπρόσωποι τῶν ἐνδιαφερομένων ὀργανώσεων ἐδήλωσαν ὅτι θὰ ὑποβάλουν ὑπόμνημα πρὸς τὸ ἁρμόδιον ὑπουργεῖον. Ἐπίσης ἀνεκοινώθη ὅτι ἡ ἐπιτροπὴ θὰ συνέλθῃ ἐκ νέου ἐντὸς τῆς προσεχοῦς ἑβδομάδος διὰ νὰ ἐξετάσῃ τὰς προτάσεις καὶ νὰ λάβῃ τὰς τελικὰς ἀποφάσεις ἐπὶ τοῦ ζητήματος, τὸ ὁποῖον ἀπασχολεῖ ἀπὸ μακροῦ τὴν κοινὴν γνώμην τῆς χώρας καὶ τοὺς ἁρμοδίους κύκλους.
ΕΝΘΑΡΡΥΝΤΙΚΗ Η ΣΥΝΑΝΤΗΣΙΣ ΤΩΝ Κ. Κ. ΠΑΠΑΝΔΡΕΟΥ ΚΑΙ ΓΕΩΡΚΑΔΖΗ
ΑΘΗΝΑΙ, 4.— ρήνην καὶ τῆς κυβερνήσεως αὐτῆς ὑπὸ τὴν ἐπίβλεψιν τῶν ἁρμοδίων ἀρχῶν, αἵτινες ἀπεφάσισαν τὴν ἄμεσον ἐφαρμογὴν τῶν ληφθέντων μέτρων. Κατὰ τὰς πληροφορίας, αἱ συζητήσεις συνεχίσθησαν καθ’ ὅλην τὴν διάρκειαν τῆς ἡμέρας, ἐνῶ οἱ ἐκπρόσωποι τῶν ἐνδιαφερομένων ὀργανώσεων ἐδήλωσαν ὅτι θὰ ὑποβάλουν ὑπόμνημα πρὸς τὸ ἁρμόδιον ὑπουργεῖον. Ἐπίσης ἀνεκοινώθη ὅτι ἡ ἐπιτροπὴ θὰ συνέλθῃ ἐκ νέου ἐντὸς τῆς προσεχοῦς ἑβδομάδος διὰ νὰ ἐξετάσῃ τὰς προτάσεις καὶ νὰ λάβῃ τὰς τελικὰς ἀποφάσεις ἐπὶ τοῦ ζητήματος, τὸ ὁποῖον ἀπασχολεῖ ἀπὸ μακροῦ τὴν κοινὴν γνώμην τῆς χώρας καὶ τοὺς ἁρμοδίους κύκλους.
ΜΕΓΑ ΔΙΚΤΥΟΝ ΛΑΘΡΕΜΠΟΡΙΟΥ ΟΠΛΩΝ ΑΝΑΚΑΛΥΠΤΕΤΑΙ Η ΣΚΟΤΛΑΝΤ ΓΙΑΡΝΤ
ΛΟΝΔΙΝΟΝ, 4. (Ἀσ. Πρ.).— ρήνην καὶ τῆς κυβερνήσεως αὐτῆς ὑπὸ τὴν ἐπίβλεψιν τῶν ἁρμοδίων ἀρχῶν, αἵτινες ἀπεφάσισαν τὴν ἄμεσον ἐφαρμογὴν τῶν ληφθέντων μέτρων. Κατὰ τὰς πληροφορίας, αἱ συζητήσεις συνεχίσθησαν καθ’ ὅλην τὴν διάρκειαν τῆς ἡμέρας, ἐνῶ οἱ ἐκπρόσωποι τῶν ἐνδιαφερομένων ὀργανώσεων ἐδήλωσαν ὅτι θὰ ὑποβάλουν ὑπόμνημα πρὸς τὸ ἁρμόδιον ὑπουργεῖον. Ἐπίσης ἀνεκοινώθη ὅτι ἡ ἐπιτροπὴ θὰ συνέλθῃ ἐκ νέου ἐντὸς τῆς προσεχοῦς ἑβδομάδος διὰ νὰ ἐξετάσῃ τὰς προτάσεις καὶ νὰ λάβῃ τὰς τελικὰς ἀποφάσεις ἐπὶ τοῦ ζητήματος, τὸ ὁποῖον ἀπασχολεῖ ἀπὸ μακροῦ τὴν κοινὴν γνώμην τῆς χώρας καὶ τοὺς ἁρμοδίους κύκλους.
ΤΑ Η. Ε. ΑΠΟΣΤΕΛΛΟΥΝ ΕΠΙΤΡΟΠΗΝ ΕΙΣ ΤΗΝ ΑΓΚΟΛΑΝ
ΗΝΩΜΕΝΑ ΕΘΝΗ, 4. (Ρώυτερ).— ρήνην καὶ τῆς κυβερνήσεως αὐτῆς ὑπὸ τὴν ἐπίβλεψιν τῶν ἁρμοδίων ἀρχῶν, αἵτινες ἀπεφάσισαν τὴν ἄμεσον ἐφαρμογὴν τῶν ληφθέντων μέτρων. Κατὰ τὰς πληροφορίας, αἱ συζητήσεις συνεχίσθησαν καθ’ ὅλην τὴν διάρκειαν τῆς ἡμέρας, ἐνῶ οἱ ἐκπρόσωποι τῶν ἐνδιαφερομένων ὀργανώσεων ἐδήλωσαν ὅτι θὰ ὑποβάλουν ὑπόμνημα πρὸς τὸ ἁρμόδιον ὑπουργεῖον. Ἐπίσης ἀνεκοινώθη ὅτι ἡ ἐπιτροπὴ θὰ συνέλθῃ ἐκ νέου ἐντὸς τῆς προσεχοῦς ἑβδομάδος διὰ νὰ ἐξετάσῃ τὰς προτάσεις καὶ νὰ λάβῃ τὰς τελικὰς ἀποφάσεις ἐπὶ τοῦ ζητήματος, τὸ ὁποῖον ἀπασχολεῖ ἀπὸ μακροῦ τὴν κοινὴν γνώμην τῆς χώρας καὶ τοὺς ἁρμοδίους κύκλους.
ΜΕΤΡΑ... ΕΝΙΣΧΥΣΕΩΣ ΤΗΣ ΑΝΤΙΠΟΛΙΤΕΥΣΕΩΣ ΕΙΣ ΤΟΝ ΑΓ. ΔΟΜΙΝΙΚΟΝ
ΠΟΛΙΣ ΤΡΟΥΧΙΛΛΟ, 4. (Ἀσ. Πρ.).— ρήνην καὶ τῆς κυβερνήσεως αὐτῆς ὑπὸ τὴν ἐπίβλεψιν τῶν ἁρμοδίων ἀρχῶν, αἵτινες ἀπεφάσισαν τὴν ἄμεσον ἐφαρμογὴν τῶν ληφθέντων μέτρων. Κατὰ τὰς πληροφορίας, αἱ συζητήσεις συνεχίσθησαν καθ’ ὅλην τὴν διάρκειαν τῆς ἡμέρας, ἐνῶ οἱ ἐκπρόσωποι τῶν ἐνδιαφερομένων ὀργανώσεων ἐδήλωσαν ὅτι θὰ ὑποβάλουν ὑπόμνημα πρὸς τὸ ἁρμόδιον ὑπουργεῖον. Ἐπίσης ἀνεκοινώθη ὅτι ἡ ἐπιτροπὴ θὰ συνέλθῃ ἐκ νέου ἐντὸς τῆς προσεχοῦς ἑβδομάδος διὰ νὰ ἐξετάσῃ τὰς προτάσεις καὶ νὰ λάβῃ τὰς τελικὰς ἀποφάσεις ἐπὶ τοῦ ζητήματος, τὸ ὁποῖον ἀπασχολεῖ ἀπὸ μακροῦ τὴν κοινὴν γνώμην τῆς χώρας καὶ τοὺς ἁρμοδίους κύκλους.
ΠΡΟΣΕΝΟΣ ΤΗΣ ΚΟΥΒΑΣ ΕΙΣ ΓΟΥΑΤΕΜΑΛΑΝ ΕΖΗΤΗΣΕΝ ΑΣΥΛΟΝ
ΠΟΛΙΣ ΓΟΥΑΤΕΜΑΛΑ, 4.— ρήνην καὶ τῆς κυβερνήσεως αὐτῆς ὑπὸ τὴν ἐπίβλεψιν τῶν ἁρμοδίων ἀρχῶν, αἵτινες ἀπεφάσισαν τὴν ἄμεσον ἐφαρμογὴν τῶν ληφθέντων μέτρων. Κατὰ τὰς πληροφορίας, αἱ συζητήσεις συνεχίσθησαν καθ’ ὅλην τὴν διάρκειαν τῆς ἡμέρας, ἐνῶ οἱ ἐκπρόσωποι τῶν ἐνδιαφερομένων ὀργανώσεων ἐδήλωσαν ὅτι θὰ ὑποβάλουν ὑπόμνημα πρὸς τὸ ἁρμόδιον ὑπουργεῖον. Ἐπίσης ἀνεκοινώθη ὅτι ἡ ἐπιτροπὴ θὰ συνέλθῃ ἐκ νέου ἐντὸς τῆς προσεχοῦς ἑβδομάδος διὰ νὰ ἐξετάσῃ τὰς προτάσεις καὶ νὰ λάβῃ τὰς τελικὰς ἀποφάσεις ἐπὶ τοῦ ζητήματος, τὸ ὁποῖον ἀπασχολεῖ ἀπὸ μακροῦ τὴν κοινὴν γνώμην τῆς χώρας καὶ τοὺς ἁρμοδίους κύκλους.
ΕΜΦΥΛΙΟΣ ΠΟΛΕΜΟΣ ΜΕΤΑΞΥ ΙΘΑΓΕΝΩΝ ΕΙΣ ΡΟΥΑΝΤΑ ΟΥΡΟΥΝΤΙ
ΣΑΝΓΚΟΥΡΟΥ, Ρουάντα, 4.— ρήνην καὶ τῆς κυβερνήσεως αὐτῆς ὑπὸ τὴν ἐπίβλεψιν τῶν ἁρμοδίων ἀρχῶν, αἵτινες ἀπεφάσισαν τὴν ἄμεσον ἐφαρμογὴν τῶν ληφθέντων μέτρων. Κατὰ τὰς πληροφορίας, αἱ συζητήσεις συνεχίσθησαν καθ’ ὅλην τὴν διάρκειαν τῆς ἡμέρας, ἐνῶ οἱ ἐκπρόσωποι τῶν ἐνδιαφερομένων ὀργανώσεων ἐδήλωσαν ὅτι θὰ ὑποβάλουν ὑπόμνημα πρὸς τὸ ἁρμόδιον ὑπουργεῖον. Ἐπίσης ἀνεκοινώθη ὅτι ἡ ἐπιτροπὴ θὰ συνέλθῃ ἐκ νέου ἐντὸς τῆς προσεχοῦς ἑβδομάδος διὰ νὰ ἐξετάσῃ τὰς προτάσεις καὶ νὰ λάβῃ τὰς τελικὰς ἀποφάσεις ἐπὶ τοῦ ζητήματος, τὸ ὁποῖον ἀπασχολεῖ ἀπὸ μακροῦ τὴν κοινὴν γνώμην τῆς χώρας καὶ τοὺς ἁρμοδίους κύκλους.
ΑΡΧΙΖΕΙ Η ΛΕΙΤΟΥΡΓΙΑ ΤΟΥ ΟΡΓΑΝΙΣΜΟΥ ΑΓΡΟΤΙΚΩΝ ΑΣΦΑΛΙΣΕΩΝ
ΑΘΗΝΑΙ, 4.— ρήνην καὶ τῆς κυβερνήσεως αὐτῆς ὑπὸ τὴν ἐπίβλεψιν τῶν ἁρμοδίων ἀρχῶν, αἵτινες ἀπεφάσισαν τὴν ἄμεσον ἐφαρμογὴν τῶν ληφθέντων μέτρων. Κατὰ τὰς πληροφορίας, αἱ συζητήσεις συνεχίσθησαν καθ’ ὅλην τὴν διάρκειαν τῆς ἡμέρας, ἐνῶ οἱ ἐκπρόσωποι τῶν ἐνδιαφερομένων ὀργανώσεων ἐδήλωσαν ὅτι θὰ ὑποβάλουν ὑπόμνημα πρὸς τὸ ἁρμόδιον ὑπουργεῖον. Ἐπίσης ἀνεκοινώθη ὅτι ἡ ἐπιτροπὴ θὰ συνέλθῃ ἐκ νέου ἐντὸς τῆς προσεχοῦς ἑβδομάδος διὰ νὰ ἐξετάσῃ τὰς προτάσεις καὶ νὰ λάβῃ τὰς τελικὰς ἀποφάσεις ἐπὶ τοῦ ζητήματος, τὸ ὁποῖον ἀπασχολεῖ ἀπὸ μακροῦ τὴν κοινὴν γνώμην τῆς χώρας καὶ τοὺς ἁρμοδίους κύκλους.
ΠΕΤΡΩΜΑΤΑ ΜΕ ΧΡΥΣΟΝ ΑΝΕΥΡΕΘΗΣΑΝ ΕΙΣ ΡΟΔΟΝ
ΡΟΔΟΣ, 4.— ρήνην καὶ τῆς κυβερνήσεως αὐτῆς ὑπὸ τὴν ἐπίβλεψιν τῶν ἁρμοδίων ἀρχῶν, αἵτινες ἀπεφάσισαν τὴν ἄμεσον ἐφαρμογὴν τῶν ληφθέντων μέτρων. Κατὰ τὰς πληροφορίας, αἱ συζητήσεις συνεχίσθησαν καθ’ ὅλην τὴν διάρκειαν τῆς ἡμέρας, ἐνῶ οἱ ἐκπρόσωποι τῶν ἐνδιαφερομένων ὀργανώσεων ἐδήλωσαν ὅτι θὰ ὑποβάλουν ὑπόμνημα πρὸς τὸ ἁρμόδιον ὑπουργεῖον. Ἐπίσης ἀνεκοινώθη ὅτι ἡ ἐπιτροπὴ θὰ συνέλθῃ ἐκ νέου ἐντὸς τῆς προσεχοῦς ἑβδομάδος διὰ νὰ ἐξετάσῃ τὰς προτάσεις καὶ νὰ λάβῃ τὰς τελικὰς ἀποφάσεις ἐπὶ τοῦ ζητήματος, τὸ ὁποῖον ἀπασχολεῖ ἀπὸ μακροῦ τὴν κοινὴν γνώμην τῆς χώρας καὶ τοὺς ἁρμοδίους κύκλους.
ΧΡΗΣΙΚΗ ΤΟΥ ΒΛΑΤΟΥ
ΑΘΗΝΑΙ, 4.— ρήνην καὶ τῆς κυβερνήσεως αὐτῆς ὑπὸ τὴν ἐπίβλεψιν τῶν ἁρμοδίων ἀρχῶν, αἵτινες ἀπεφάσισαν τὴν ἄμεσον ἐφαρμογὴν τῶν ληφθέντων μέτρων. Κατὰ τὰς πληροφορίας, αἱ συζητήσεις συνεχίσθησαν καθ’ ὅλην τὴν διάρκειαν τῆς ἡμέρας, ἐνῶ οἱ ἐκπρόσωποι τῶν ἐνδιαφερομένων ὀργανώσεων ἐδήλωσαν ὅτι θὰ ὑποβάλουν ὑπόμνημα πρὸς τὸ ἁρμόδιον ὑπουργεῖον. Ἐπίσης ἀνεκοινώθη ὅτι ἡ ἐπιτροπὴ θὰ συνέλθῃ ἐκ νέου ἐντὸς τῆς προσεχοῦς ἑβδομάδος διὰ νὰ ἐξετάσῃ τὰς προτάσεις καὶ νὰ λάβῃ τὰς τελικὰς ἀποφάσεις ἐπὶ τοῦ ζητήματος, τὸ ὁποῖον ἀπασχολεῖ ἀπὸ μακροῦ τὴν κοινὴν γνώμην τῆς χώρας καὶ τοὺς ἁρμοδίους κύκλους.
ΕΠΝΙΞΕ ΤΟ ΤΕΚΝΟΝ ΤΗΣ ΚΑΙ ΤΟ ΕΘΑΨΕ ΚΑΤΩΘΙ ΤΗΣ ΚΛΙΝΗΣ ΤΗΣ
ΚΑΤΗΓΓΕΛΘΗ ΚΑΙ ΣΥΝΕΛΗΦΘΗ
ΑΓΡΙΝΙΟΝ, 4.— ρήνην καὶ τῆς κυβερνήσεως αὐτῆς ὑπὸ τὴν ἐπίβλεψιν τῶν ἁρμοδίων ἀρχῶν, αἵτινες ἀπεφάσισαν τὴν ἄμεσον ἐφαρμογὴν τῶν ληφθέντων μέτρων. Κατὰ τὰς πληροφορίας, αἱ συζητήσεις συνεχίσθησαν καθ’ ὅλην τὴν διάρκειαν τῆς ἡμέρας, ἐνῶ οἱ ἐκπρόσωποι τῶν ἐνδιαφερομένων ὀργανώσεων ἐδήλωσαν ὅτι θὰ ὑποβάλουν ὑπόμνημα πρὸς τὸ ἁρμόδιον ὑπουργεῖον. Ἐπίσης ἀνεκοινώθη ὅτι ἡ ἐπιτροπὴ θὰ συνέλθῃ ἐκ νέου ἐντὸς τῆς προσεχοῦς ἑβδομάδος διὰ νὰ ἐξετάσῃ τὰς προτάσεις καὶ νὰ λάβῃ τὰς τελικὰς ἀποφάσεις ἐπὶ τοῦ ζητήματος, τὸ ὁποῖον ἀπασχολεῖ ἀπὸ μακροῦ τὴν κοινὴν γνώμην τῆς χώρας καὶ τοὺς ἁρμοδίους κύκλους. ρήνην καὶ τῆς κυβερνήσεως αὐτῆς ὑπὸ τὴν ἐπίβλεψιν τῶν ἁρμοδίων ἀρχῶν, αἵτινες ἀπεφάσισαν τὴν ἄμεσον ἐφαρμογὴν τῶν ληφθέντων μέτρων. Κατὰ τὰς πληροφορίας, αἱ συζητήσεις συνεχίσθησαν καθ’ ὅλην τὴν διάρκειαν τῆς ἡμέρας, ἐνῶ οἱ ἐκπρόσωποι τῶν ἐνδιαφερομένων ὀργανώσεων ἐδήλωσαν ὅτι θὰ ὑποβάλουν ὑπόμνημα πρὸς τὸ ἁρμόδιον ὑπουργεῖον. Ἐπίσης ἀνεκοινώθη ὅτι ἡ ἐπιτροπὴ θὰ συνέλθῃ ἐκ νέου ἐντὸς τῆς προσεχοῦς ἑβδομάδος διὰ νὰ ἐξετάσῃ τὰς προτάσεις καὶ νὰ λάβῃ τὰς τελικὰς ἀποφάσεις ἐπὶ τοῦ ζητήματος, τὸ ὁποῖον ἀπασχολεῖ ἀπὸ μακροῦ τὴν κοινὴν γνώμην τῆς χώρας καὶ τοὺς ἁρμοδίους κύκλους.
